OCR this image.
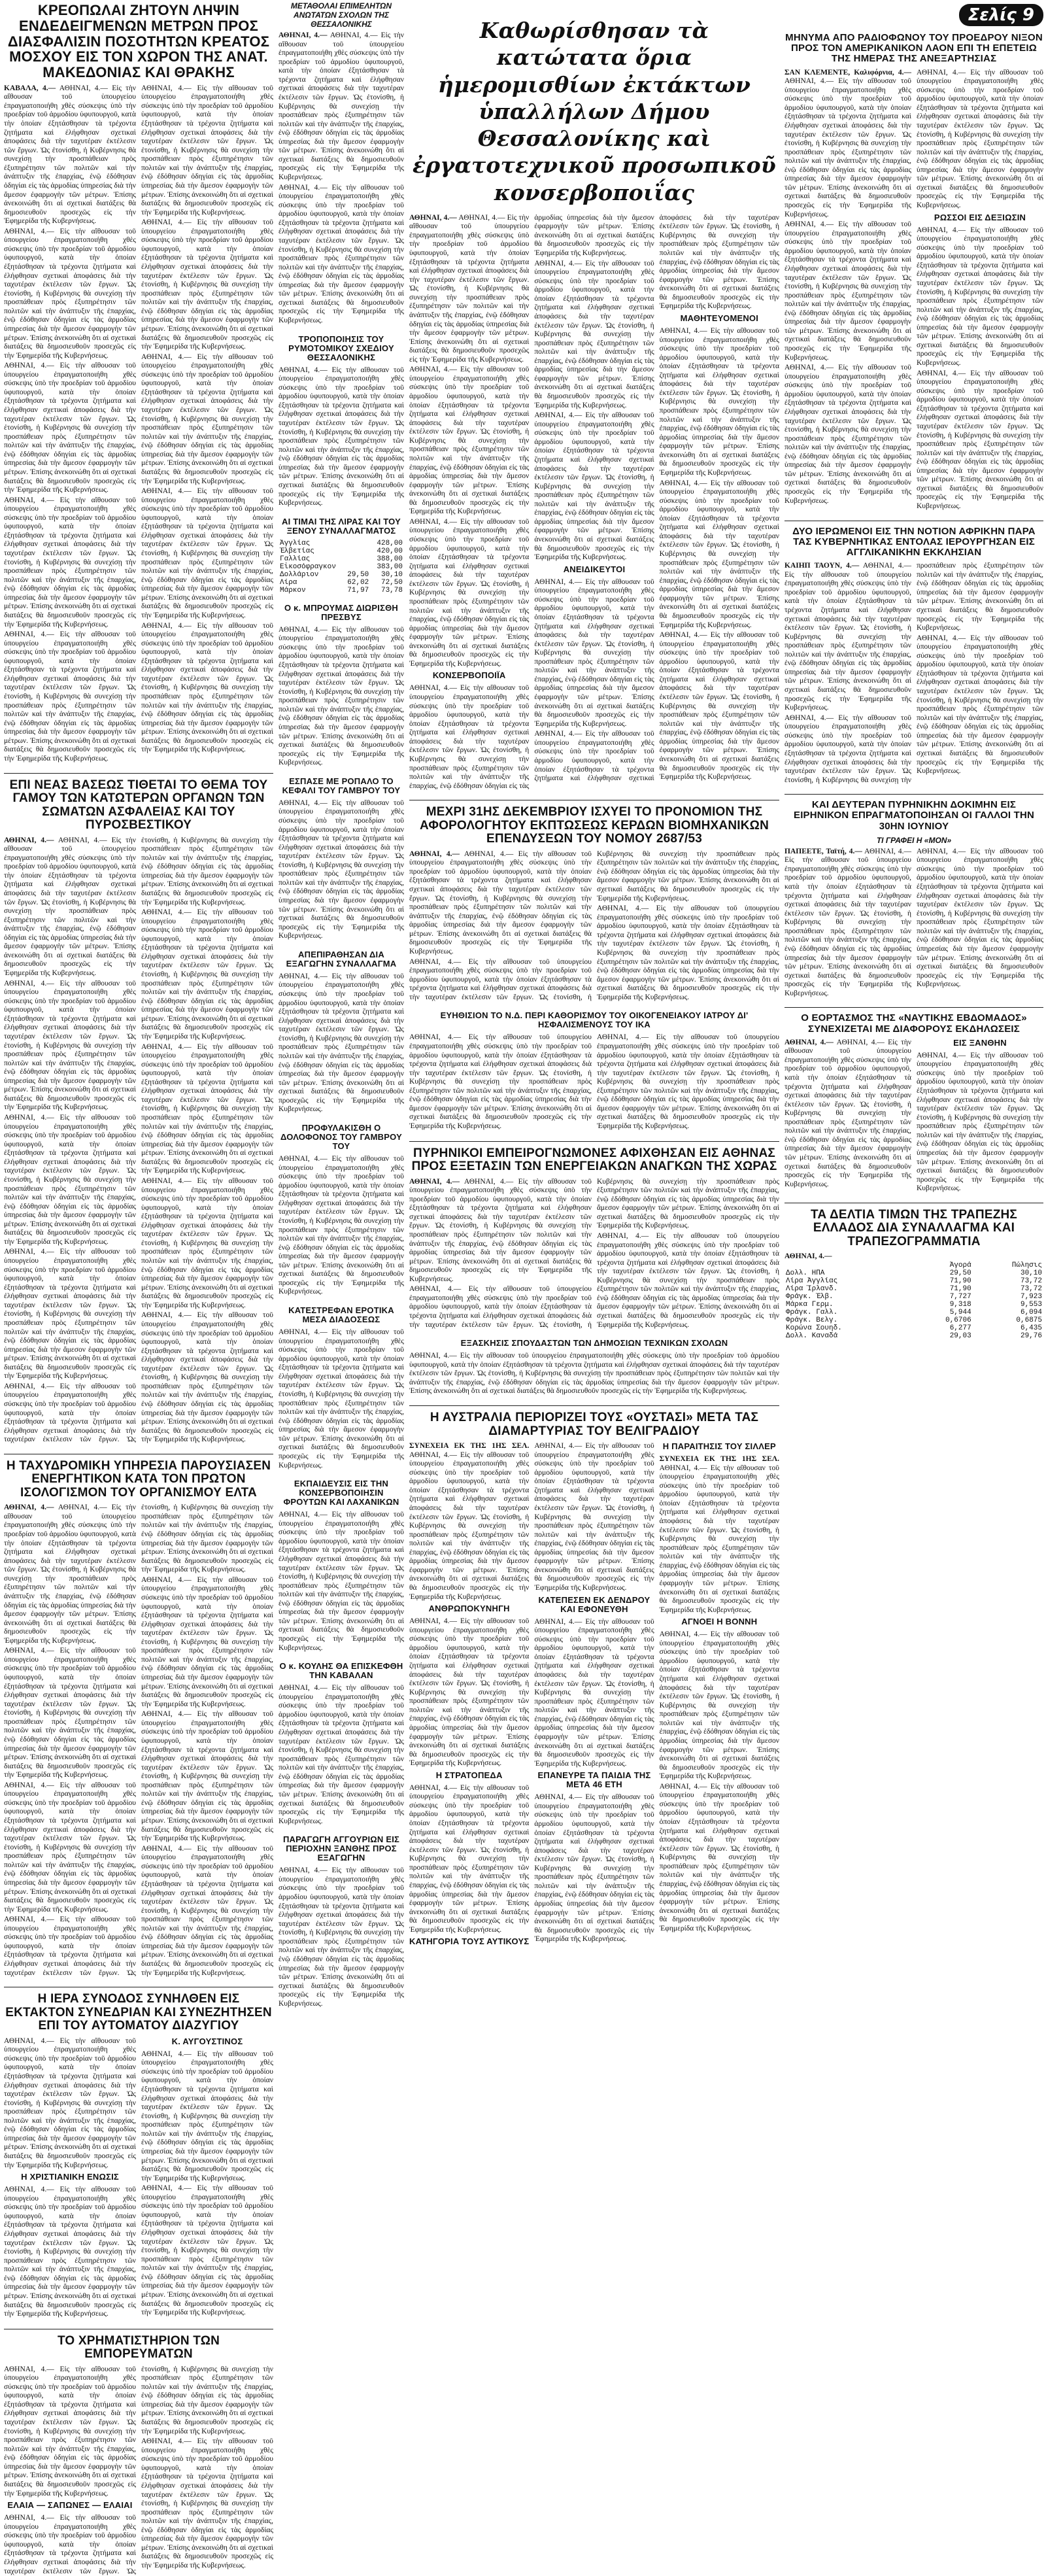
ΚΡΕΟΠΩΛΑΙ ΖΗΤΟΥΝ ΛΗΨΙΝ ΕΝΔΕΔΕΙΓΜΕΝΩΝ ΜΕΤΡΩΝ ΠΡΟΣ ΔΙΑΣΦΑΛΙΣΙΝ ΠΟΣΟΤΗΤΩΝ ΚΡΕΑΤΟΣ ΜΟΣΧΟΥ ΕΙΣ ΤΟΝ ΧΩΡΟΝ ΤΗΣ ΑΝΑΤ. ΜΑΚΕΔΟΝΙΑΣ ΚΑΙ ΘΡΑΚΗΣ
ΚΑΒΑΛΑ, 4.— ΑΘΗΝΑΙ, 4.— Εἰς τὴν αἴθουσαν τοῦ ὑπουργείου ἐπραγματοποιήθη χθὲς σύσκεψις ὑπὸ τὴν προεδρίαν τοῦ ἁρμοδίου ὑφυπουργοῦ, κατὰ τὴν ὁποίαν ἐξητάσθησαν τὰ τρέχοντα ζητήματα καὶ ἐλήφθησαν σχετικαὶ ἀποφάσεις διὰ τὴν ταχυτέραν ἐκτέλεσιν τῶν ἔργων. Ὡς ἐτονίσθη, ἡ Κυβέρνησις θὰ συνεχίσῃ τὴν προσπάθειαν πρὸς ἐξυπηρέτησιν τῶν πολιτῶν καὶ τὴν ἀνάπτυξιν τῆς ἐπαρχίας, ἐνῷ ἐδόθησαν ὁδηγίαι εἰς τὰς ἁρμοδίας ὑπηρεσίας διὰ τὴν ἄμεσον ἐφαρμογὴν τῶν μέτρων. Ἐπίσης ἀνεκοινώθη ὅτι αἱ σχετικαὶ διατάξεις θὰ δημοσιευθοῦν προσεχῶς εἰς τὴν Ἐφημερίδα τῆς Κυβερνήσεως.
ΑΘΗΝΑΙ, 4.— Εἰς τὴν αἴθουσαν τοῦ ὑπουργείου ἐπραγματοποιήθη χθὲς σύσκεψις ὑπὸ τὴν προεδρίαν τοῦ ἁρμοδίου ὑφυπουργοῦ, κατὰ τὴν ὁποίαν ἐξητάσθησαν τὰ τρέχοντα ζητήματα καὶ ἐλήφθησαν σχετικαὶ ἀποφάσεις διὰ τὴν ταχυτέραν ἐκτέλεσιν τῶν ἔργων. Ὡς ἐτονίσθη, ἡ Κυβέρνησις θὰ συνεχίσῃ τὴν προσπάθειαν πρὸς ἐξυπηρέτησιν τῶν πολιτῶν καὶ τὴν ἀνάπτυξιν τῆς ἐπαρχίας, ἐνῷ ἐδόθησαν ὁδηγίαι εἰς τὰς ἁρμοδίας ὑπηρεσίας διὰ τὴν ἄμεσον ἐφαρμογὴν τῶν μέτρων. Ἐπίσης ἀνεκοινώθη ὅτι αἱ σχετικαὶ διατάξεις θὰ δημοσιευθοῦν προσεχῶς εἰς τὴν Ἐφημερίδα τῆς Κυβερνήσεως.
ΑΘΗΝΑΙ, 4.— Εἰς τὴν αἴθουσαν τοῦ ὑπουργείου ἐπραγματοποιήθη χθὲς σύσκεψις ὑπὸ τὴν προεδρίαν τοῦ ἁρμοδίου ὑφυπουργοῦ, κατὰ τὴν ὁποίαν ἐξητάσθησαν τὰ τρέχοντα ζητήματα καὶ ἐλήφθησαν σχετικαὶ ἀποφάσεις διὰ τὴν ταχυτέραν ἐκτέλεσιν τῶν ἔργων. Ὡς ἐτονίσθη, ἡ Κυβέρνησις θὰ συνεχίσῃ τὴν προσπάθειαν πρὸς ἐξυπηρέτησιν τῶν πολιτῶν καὶ τὴν ἀνάπτυξιν τῆς ἐπαρχίας, ἐνῷ ἐδόθησαν ὁδηγίαι εἰς τὰς ἁρμοδίας ὑπηρεσίας διὰ τὴν ἄμεσον ἐφαρμογὴν τῶν μέτρων. Ἐπίσης ἀνεκοινώθη ὅτι αἱ σχετικαὶ διατάξεις θὰ δημοσιευθοῦν προσεχῶς εἰς τὴν Ἐφημερίδα τῆς Κυβερνήσεως.
ΑΘΗΝΑΙ, 4.— Εἰς τὴν αἴθουσαν τοῦ ὑπουργείου ἐπραγματοποιήθη χθὲς σύσκεψις ὑπὸ τὴν προεδρίαν τοῦ ἁρμοδίου ὑφυπουργοῦ, κατὰ τὴν ὁποίαν ἐξητάσθησαν τὰ τρέχοντα ζητήματα καὶ ἐλήφθησαν σχετικαὶ ἀποφάσεις διὰ τὴν ταχυτέραν ἐκτέλεσιν τῶν ἔργων. Ὡς ἐτονίσθη, ἡ Κυβέρνησις θὰ συνεχίσῃ τὴν προσπάθειαν πρὸς ἐξυπηρέτησιν τῶν πολιτῶν καὶ τὴν ἀνάπτυξιν τῆς ἐπαρχίας, ἐνῷ ἐδόθησαν ὁδηγίαι εἰς τὰς ἁρμοδίας ὑπηρεσίας διὰ τὴν ἄμεσον ἐφαρμογὴν τῶν μέτρων. Ἐπίσης ἀνεκοινώθη ὅτι αἱ σχετικαὶ διατάξεις θὰ δημοσιευθοῦν προσεχῶς εἰς τὴν Ἐφημερίδα τῆς Κυβερνήσεως.
ΑΘΗΝΑΙ, 4.— Εἰς τὴν αἴθουσαν τοῦ ὑπουργείου ἐπραγματοποιήθη χθὲς σύσκεψις ὑπὸ τὴν προεδρίαν τοῦ ἁρμοδίου ὑφυπουργοῦ, κατὰ τὴν ὁποίαν ἐξητάσθησαν τὰ τρέχοντα ζητήματα καὶ ἐλήφθησαν σχετικαὶ ἀποφάσεις διὰ τὴν ταχυτέραν ἐκτέλεσιν τῶν ἔργων. Ὡς ἐτονίσθη, ἡ Κυβέρνησις θὰ συνεχίσῃ τὴν προσπάθειαν πρὸς ἐξυπηρέτησιν τῶν πολιτῶν καὶ τὴν ἀνάπτυξιν τῆς ἐπαρχίας, ἐνῷ ἐδόθησαν ὁδηγίαι εἰς τὰς ἁρμοδίας ὑπηρεσίας διὰ τὴν ἄμεσον ἐφαρμογὴν τῶν μέτρων. Ἐπίσης ἀνεκοινώθη ὅτι αἱ σχετικαὶ διατάξεις θὰ δημοσιευθοῦν προσεχῶς εἰς τὴν Ἐφημερίδα τῆς Κυβερνήσεως.
ΑΘΗΝΑΙ, 4.— Εἰς τὴν αἴθουσαν τοῦ ὑπουργείου ἐπραγματοποιήθη χθὲς σύσκεψις ὑπὸ τὴν προεδρίαν τοῦ ἁρμοδίου ὑφυπουργοῦ, κατὰ τὴν ὁποίαν ἐξητάσθησαν τὰ τρέχοντα ζητήματα καὶ ἐλήφθησαν σχετικαὶ ἀποφάσεις διὰ τὴν ταχυτέραν ἐκτέλεσιν τῶν ἔργων. Ὡς ἐτονίσθη, ἡ Κυβέρνησις θὰ συνεχίσῃ τὴν προσπάθειαν πρὸς ἐξυπηρέτησιν τῶν πολιτῶν καὶ τὴν ἀνάπτυξιν τῆς ἐπαρχίας, ἐνῷ ἐδόθησαν ὁδηγίαι εἰς τὰς ἁρμοδίας ὑπηρεσίας διὰ τὴν ἄμεσον ἐφαρμογὴν τῶν μέτρων. Ἐπίσης ἀνεκοινώθη ὅτι αἱ σχετικαὶ διατάξεις θὰ δημοσιευθοῦν προσεχῶς εἰς τὴν Ἐφημερίδα τῆς Κυβερνήσεως.
ΑΘΗΝΑΙ, 4.— Εἰς τὴν αἴθουσαν τοῦ ὑπουργείου ἐπραγματοποιήθη χθὲς σύσκεψις ὑπὸ τὴν προεδρίαν τοῦ ἁρμοδίου ὑφυπουργοῦ, κατὰ τὴν ὁποίαν ἐξητάσθησαν τὰ τρέχοντα ζητήματα καὶ ἐλήφθησαν σχετικαὶ ἀποφάσεις διὰ τὴν ταχυτέραν ἐκτέλεσιν τῶν ἔργων. Ὡς ἐτονίσθη, ἡ Κυβέρνησις θὰ συνεχίσῃ τὴν προσπάθειαν πρὸς ἐξυπηρέτησιν τῶν πολιτῶν καὶ τὴν ἀνάπτυξιν τῆς ἐπαρχίας, ἐνῷ ἐδόθησαν ὁδηγίαι εἰς τὰς ἁρμοδίας ὑπηρεσίας διὰ τὴν ἄμεσον ἐφαρμογὴν τῶν μέτρων. Ἐπίσης ἀνεκοινώθη ὅτι αἱ σχετικαὶ διατάξεις θὰ δημοσιευθοῦν προσεχῶς εἰς τὴν Ἐφημερίδα τῆς Κυβερνήσεως.
ΑΘΗΝΑΙ, 4.— Εἰς τὴν αἴθουσαν τοῦ ὑπουργείου ἐπραγματοποιήθη χθὲς σύσκεψις ὑπὸ τὴν προεδρίαν τοῦ ἁρμοδίου ὑφυπουργοῦ, κατὰ τὴν ὁποίαν ἐξητάσθησαν τὰ τρέχοντα ζητήματα καὶ ἐλήφθησαν σχετικαὶ ἀποφάσεις διὰ τὴν ταχυτέραν ἐκτέλεσιν τῶν ἔργων. Ὡς ἐτονίσθη, ἡ Κυβέρνησις θὰ συνεχίσῃ τὴν προσπάθειαν πρὸς ἐξυπηρέτησιν τῶν πολιτῶν καὶ τὴν ἀνάπτυξιν τῆς ἐπαρχίας, ἐνῷ ἐδόθησαν ὁδηγίαι εἰς τὰς ἁρμοδίας ὑπηρεσίας διὰ τὴν ἄμεσον ἐφαρμογὴν τῶν μέτρων. Ἐπίσης ἀνεκοινώθη ὅτι αἱ σχετικαὶ διατάξεις θὰ δημοσιευθοῦν προσεχῶς εἰς τὴν Ἐφημερίδα τῆς Κυβερνήσεως.
ΑΘΗΝΑΙ, 4.— Εἰς τὴν αἴθουσαν τοῦ ὑπουργείου ἐπραγματοποιήθη χθὲς σύσκεψις ὑπὸ τὴν προεδρίαν τοῦ ἁρμοδίου ὑφυπουργοῦ, κατὰ τὴν ὁποίαν ἐξητάσθησαν τὰ τρέχοντα ζητήματα καὶ ἐλήφθησαν σχετικαὶ ἀποφάσεις διὰ τὴν ταχυτέραν ἐκτέλεσιν τῶν ἔργων. Ὡς ἐτονίσθη, ἡ Κυβέρνησις θὰ συνεχίσῃ τὴν προσπάθειαν πρὸς ἐξυπηρέτησιν τῶν πολιτῶν καὶ τὴν ἀνάπτυξιν τῆς ἐπαρχίας, ἐνῷ ἐδόθησαν ὁδηγίαι εἰς τὰς ἁρμοδίας ὑπηρεσίας διὰ τὴν ἄμεσον ἐφαρμογὴν τῶν μέτρων. Ἐπίσης ἀνεκοινώθη ὅτι αἱ σχετικαὶ διατάξεις θὰ δημοσιευθοῦν προσεχῶς εἰς τὴν Ἐφημερίδα τῆς Κυβερνήσεως.
ΑΘΗΝΑΙ, 4.— Εἰς τὴν αἴθουσαν τοῦ ὑπουργείου ἐπραγματοποιήθη χθὲς σύσκεψις ὑπὸ τὴν προεδρίαν τοῦ ἁρμοδίου ὑφυπουργοῦ, κατὰ τὴν ὁποίαν ἐξητάσθησαν τὰ τρέχοντα ζητήματα καὶ ἐλήφθησαν σχετικαὶ ἀποφάσεις διὰ τὴν ταχυτέραν ἐκτέλεσιν τῶν ἔργων. Ὡς ἐτονίσθη, ἡ Κυβέρνησις θὰ συνεχίσῃ τὴν προσπάθειαν πρὸς ἐξυπηρέτησιν τῶν πολιτῶν καὶ τὴν ἀνάπτυξιν τῆς ἐπαρχίας, ἐνῷ ἐδόθησαν ὁδηγίαι εἰς τὰς ἁρμοδίας ὑπηρεσίας διὰ τὴν ἄμεσον ἐφαρμογὴν τῶν μέτρων. Ἐπίσης ἀνεκοινώθη ὅτι αἱ σχετικαὶ διατάξεις θὰ δημοσιευθοῦν προσεχῶς εἰς τὴν Ἐφημερίδα τῆς Κυβερνήσεως.
ΕΠΙ ΝΕΑΣ ΒΑΣΕΩΣ ΤΙΘΕΤΑΙ ΤΟ ΘΕΜΑ ΤΟΥ ΓΑΜΟΥ ΤΩΝ ΚΑΤΩΤΕΡΩΝ ΟΡΓΑΝΩΝ ΤΩΝ ΣΩΜΑΤΩΝ ΑΣΦΑΛΕΙΑΣ ΚΑΙ ΤΟΥ ΠΥΡΟΣΒΕΣΤΙΚΟΥ
ΑΘΗΝΑΙ, 4.— ΑΘΗΝΑΙ, 4.— Εἰς τὴν αἴθουσαν τοῦ ὑπουργείου ἐπραγματοποιήθη χθὲς σύσκεψις ὑπὸ τὴν προεδρίαν τοῦ ἁρμοδίου ὑφυπουργοῦ, κατὰ τὴν ὁποίαν ἐξητάσθησαν τὰ τρέχοντα ζητήματα καὶ ἐλήφθησαν σχετικαὶ ἀποφάσεις διὰ τὴν ταχυτέραν ἐκτέλεσιν τῶν ἔργων. Ὡς ἐτονίσθη, ἡ Κυβέρνησις θὰ συνεχίσῃ τὴν προσπάθειαν πρὸς ἐξυπηρέτησιν τῶν πολιτῶν καὶ τὴν ἀνάπτυξιν τῆς ἐπαρχίας, ἐνῷ ἐδόθησαν ὁδηγίαι εἰς τὰς ἁρμοδίας ὑπηρεσίας διὰ τὴν ἄμεσον ἐφαρμογὴν τῶν μέτρων. Ἐπίσης ἀνεκοινώθη ὅτι αἱ σχετικαὶ διατάξεις θὰ δημοσιευθοῦν προσεχῶς εἰς τὴν Ἐφημερίδα τῆς Κυβερνήσεως.
ΑΘΗΝΑΙ, 4.— Εἰς τὴν αἴθουσαν τοῦ ὑπουργείου ἐπραγματοποιήθη χθὲς σύσκεψις ὑπὸ τὴν προεδρίαν τοῦ ἁρμοδίου ὑφυπουργοῦ, κατὰ τὴν ὁποίαν ἐξητάσθησαν τὰ τρέχοντα ζητήματα καὶ ἐλήφθησαν σχετικαὶ ἀποφάσεις διὰ τὴν ταχυτέραν ἐκτέλεσιν τῶν ἔργων. Ὡς ἐτονίσθη, ἡ Κυβέρνησις θὰ συνεχίσῃ τὴν προσπάθειαν πρὸς ἐξυπηρέτησιν τῶν πολιτῶν καὶ τὴν ἀνάπτυξιν τῆς ἐπαρχίας, ἐνῷ ἐδόθησαν ὁδηγίαι εἰς τὰς ἁρμοδίας ὑπηρεσίας διὰ τὴν ἄμεσον ἐφαρμογὴν τῶν μέτρων. Ἐπίσης ἀνεκοινώθη ὅτι αἱ σχετικαὶ διατάξεις θὰ δημοσιευθοῦν προσεχῶς εἰς τὴν Ἐφημερίδα τῆς Κυβερνήσεως.
ΑΘΗΝΑΙ, 4.— Εἰς τὴν αἴθουσαν τοῦ ὑπουργείου ἐπραγματοποιήθη χθὲς σύσκεψις ὑπὸ τὴν προεδρίαν τοῦ ἁρμοδίου ὑφυπουργοῦ, κατὰ τὴν ὁποίαν ἐξητάσθησαν τὰ τρέχοντα ζητήματα καὶ ἐλήφθησαν σχετικαὶ ἀποφάσεις διὰ τὴν ταχυτέραν ἐκτέλεσιν τῶν ἔργων. Ὡς ἐτονίσθη, ἡ Κυβέρνησις θὰ συνεχίσῃ τὴν προσπάθειαν πρὸς ἐξυπηρέτησιν τῶν πολιτῶν καὶ τὴν ἀνάπτυξιν τῆς ἐπαρχίας, ἐνῷ ἐδόθησαν ὁδηγίαι εἰς τὰς ἁρμοδίας ὑπηρεσίας διὰ τὴν ἄμεσον ἐφαρμογὴν τῶν μέτρων. Ἐπίσης ἀνεκοινώθη ὅτι αἱ σχετικαὶ διατάξεις θὰ δημοσιευθοῦν προσεχῶς εἰς τὴν Ἐφημερίδα τῆς Κυβερνήσεως.
ΑΘΗΝΑΙ, 4.— Εἰς τὴν αἴθουσαν τοῦ ὑπουργείου ἐπραγματοποιήθη χθὲς σύσκεψις ὑπὸ τὴν προεδρίαν τοῦ ἁρμοδίου ὑφυπουργοῦ, κατὰ τὴν ὁποίαν ἐξητάσθησαν τὰ τρέχοντα ζητήματα καὶ ἐλήφθησαν σχετικαὶ ἀποφάσεις διὰ τὴν ταχυτέραν ἐκτέλεσιν τῶν ἔργων. Ὡς ἐτονίσθη, ἡ Κυβέρνησις θὰ συνεχίσῃ τὴν προσπάθειαν πρὸς ἐξυπηρέτησιν τῶν πολιτῶν καὶ τὴν ἀνάπτυξιν τῆς ἐπαρχίας, ἐνῷ ἐδόθησαν ὁδηγίαι εἰς τὰς ἁρμοδίας ὑπηρεσίας διὰ τὴν ἄμεσον ἐφαρμογὴν τῶν μέτρων. Ἐπίσης ἀνεκοινώθη ὅτι αἱ σχετικαὶ διατάξεις θὰ δημοσιευθοῦν προσεχῶς εἰς τὴν Ἐφημερίδα τῆς Κυβερνήσεως.
ΑΘΗΝΑΙ, 4.— Εἰς τὴν αἴθουσαν τοῦ ὑπουργείου ἐπραγματοποιήθη χθὲς σύσκεψις ὑπὸ τὴν προεδρίαν τοῦ ἁρμοδίου ὑφυπουργοῦ, κατὰ τὴν ὁποίαν ἐξητάσθησαν τὰ τρέχοντα ζητήματα καὶ ἐλήφθησαν σχετικαὶ ἀποφάσεις διὰ τὴν ταχυτέραν ἐκτέλεσιν τῶν ἔργων. Ὡς ἐτονίσθη, ἡ Κυβέρνησις θὰ συνεχίσῃ τὴν προσπάθειαν πρὸς ἐξυπηρέτησιν τῶν πολιτῶν καὶ τὴν ἀνάπτυξιν τῆς ἐπαρχίας, ἐνῷ ἐδόθησαν ὁδηγίαι εἰς τὰς ἁρμοδίας ὑπηρεσίας διὰ τὴν ἄμεσον ἐφαρμογὴν τῶν μέτρων. Ἐπίσης ἀνεκοινώθη ὅτι αἱ σχετικαὶ διατάξεις θὰ δημοσιευθοῦν προσεχῶς εἰς τὴν Ἐφημερίδα τῆς Κυβερνήσεως.
ΑΘΗΝΑΙ, 4.— Εἰς τὴν αἴθουσαν τοῦ ὑπουργείου ἐπραγματοποιήθη χθὲς σύσκεψις ὑπὸ τὴν προεδρίαν τοῦ ἁρμοδίου ὑφυπουργοῦ, κατὰ τὴν ὁποίαν ἐξητάσθησαν τὰ τρέχοντα ζητήματα καὶ ἐλήφθησαν σχετικαὶ ἀποφάσεις διὰ τὴν ταχυτέραν ἐκτέλεσιν τῶν ἔργων. Ὡς ἐτονίσθη, ἡ Κυβέρνησις θὰ συνεχίσῃ τὴν προσπάθειαν πρὸς ἐξυπηρέτησιν τῶν πολιτῶν καὶ τὴν ἀνάπτυξιν τῆς ἐπαρχίας, ἐνῷ ἐδόθησαν ὁδηγίαι εἰς τὰς ἁρμοδίας ὑπηρεσίας διὰ τὴν ἄμεσον ἐφαρμογὴν τῶν μέτρων. Ἐπίσης ἀνεκοινώθη ὅτι αἱ σχετικαὶ διατάξεις θὰ δημοσιευθοῦν προσεχῶς εἰς τὴν Ἐφημερίδα τῆς Κυβερνήσεως.
ΑΘΗΝΑΙ, 4.— Εἰς τὴν αἴθουσαν τοῦ ὑπουργείου ἐπραγματοποιήθη χθὲς σύσκεψις ὑπὸ τὴν προεδρίαν τοῦ ἁρμοδίου ὑφυπουργοῦ, κατὰ τὴν ὁποίαν ἐξητάσθησαν τὰ τρέχοντα ζητήματα καὶ ἐλήφθησαν σχετικαὶ ἀποφάσεις διὰ τὴν ταχυτέραν ἐκτέλεσιν τῶν ἔργων. Ὡς ἐτονίσθη, ἡ Κυβέρνησις θὰ συνεχίσῃ τὴν προσπάθειαν πρὸς ἐξυπηρέτησιν τῶν πολιτῶν καὶ τὴν ἀνάπτυξιν τῆς ἐπαρχίας, ἐνῷ ἐδόθησαν ὁδηγίαι εἰς τὰς ἁρμοδίας ὑπηρεσίας διὰ τὴν ἄμεσον ἐφαρμογὴν τῶν μέτρων. Ἐπίσης ἀνεκοινώθη ὅτι αἱ σχετικαὶ διατάξεις θὰ δημοσιευθοῦν προσεχῶς εἰς τὴν Ἐφημερίδα τῆς Κυβερνήσεως.
ΑΘΗΝΑΙ, 4.— Εἰς τὴν αἴθουσαν τοῦ ὑπουργείου ἐπραγματοποιήθη χθὲς σύσκεψις ὑπὸ τὴν προεδρίαν τοῦ ἁρμοδίου ὑφυπουργοῦ, κατὰ τὴν ὁποίαν ἐξητάσθησαν τὰ τρέχοντα ζητήματα καὶ ἐλήφθησαν σχετικαὶ ἀποφάσεις διὰ τὴν ταχυτέραν ἐκτέλεσιν τῶν ἔργων. Ὡς ἐτονίσθη, ἡ Κυβέρνησις θὰ συνεχίσῃ τὴν προσπάθειαν πρὸς ἐξυπηρέτησιν τῶν πολιτῶν καὶ τὴν ἀνάπτυξιν τῆς ἐπαρχίας, ἐνῷ ἐδόθησαν ὁδηγίαι εἰς τὰς ἁρμοδίας ὑπηρεσίας διὰ τὴν ἄμεσον ἐφαρμογὴν τῶν μέτρων. Ἐπίσης ἀνεκοινώθη ὅτι αἱ σχετικαὶ διατάξεις θὰ δημοσιευθοῦν προσεχῶς εἰς τὴν Ἐφημερίδα τῆς Κυβερνήσεως.
ΑΘΗΝΑΙ, 4.— Εἰς τὴν αἴθουσαν τοῦ ὑπουργείου ἐπραγματοποιήθη χθὲς σύσκεψις ὑπὸ τὴν προεδρίαν τοῦ ἁρμοδίου ὑφυπουργοῦ, κατὰ τὴν ὁποίαν ἐξητάσθησαν τὰ τρέχοντα ζητήματα καὶ ἐλήφθησαν σχετικαὶ ἀποφάσεις διὰ τὴν ταχυτέραν ἐκτέλεσιν τῶν ἔργων. Ὡς ἐτονίσθη, ἡ Κυβέρνησις θὰ συνεχίσῃ τὴν προσπάθειαν πρὸς ἐξυπηρέτησιν τῶν πολιτῶν καὶ τὴν ἀνάπτυξιν τῆς ἐπαρχίας, ἐνῷ ἐδόθησαν ὁδηγίαι εἰς τὰς ἁρμοδίας ὑπηρεσίας διὰ τὴν ἄμεσον ἐφαρμογὴν τῶν μέτρων. Ἐπίσης ἀνεκοινώθη ὅτι αἱ σχετικαὶ διατάξεις θὰ δημοσιευθοῦν προσεχῶς εἰς τὴν Ἐφημερίδα τῆς Κυβερνήσεως.
Η ΤΑΧΥΔΡΟΜΙΚΗ ΥΠΗΡΕΣΙΑ ΠΑΡΟΥΣΙΑΣΕΝ ΕΝΕΡΓΗΤΙΚΟΝ ΚΑΤΑ ΤΟΝ ΠΡΩΤΟΝ ΙΣΟΛΟΓΙΣΜΟΝ ΤΟΥ ΟΡΓΑΝΙΣΜΟΥ ΕΛΤΑ
ΑΘΗΝΑΙ, 4.— ΑΘΗΝΑΙ, 4.— Εἰς τὴν αἴθουσαν τοῦ ὑπουργείου ἐπραγματοποιήθη χθὲς σύσκεψις ὑπὸ τὴν προεδρίαν τοῦ ἁρμοδίου ὑφυπουργοῦ, κατὰ τὴν ὁποίαν ἐξητάσθησαν τὰ τρέχοντα ζητήματα καὶ ἐλήφθησαν σχετικαὶ ἀποφάσεις διὰ τὴν ταχυτέραν ἐκτέλεσιν τῶν ἔργων. Ὡς ἐτονίσθη, ἡ Κυβέρνησις θὰ συνεχίσῃ τὴν προσπάθειαν πρὸς ἐξυπηρέτησιν τῶν πολιτῶν καὶ τὴν ἀνάπτυξιν τῆς ἐπαρχίας, ἐνῷ ἐδόθησαν ὁδηγίαι εἰς τὰς ἁρμοδίας ὑπηρεσίας διὰ τὴν ἄμεσον ἐφαρμογὴν τῶν μέτρων. Ἐπίσης ἀνεκοινώθη ὅτι αἱ σχετικαὶ διατάξεις θὰ δημοσιευθοῦν προσεχῶς εἰς τὴν Ἐφημερίδα τῆς Κυβερνήσεως.
ΑΘΗΝΑΙ, 4.— Εἰς τὴν αἴθουσαν τοῦ ὑπουργείου ἐπραγματοποιήθη χθὲς σύσκεψις ὑπὸ τὴν προεδρίαν τοῦ ἁρμοδίου ὑφυπουργοῦ, κατὰ τὴν ὁποίαν ἐξητάσθησαν τὰ τρέχοντα ζητήματα καὶ ἐλήφθησαν σχετικαὶ ἀποφάσεις διὰ τὴν ταχυτέραν ἐκτέλεσιν τῶν ἔργων. Ὡς ἐτονίσθη, ἡ Κυβέρνησις θὰ συνεχίσῃ τὴν προσπάθειαν πρὸς ἐξυπηρέτησιν τῶν πολιτῶν καὶ τὴν ἀνάπτυξιν τῆς ἐπαρχίας, ἐνῷ ἐδόθησαν ὁδηγίαι εἰς τὰς ἁρμοδίας ὑπηρεσίας διὰ τὴν ἄμεσον ἐφαρμογὴν τῶν μέτρων. Ἐπίσης ἀνεκοινώθη ὅτι αἱ σχετικαὶ διατάξεις θὰ δημοσιευθοῦν προσεχῶς εἰς τὴν Ἐφημερίδα τῆς Κυβερνήσεως.
ΑΘΗΝΑΙ, 4.— Εἰς τὴν αἴθουσαν τοῦ ὑπουργείου ἐπραγματοποιήθη χθὲς σύσκεψις ὑπὸ τὴν προεδρίαν τοῦ ἁρμοδίου ὑφυπουργοῦ, κατὰ τὴν ὁποίαν ἐξητάσθησαν τὰ τρέχοντα ζητήματα καὶ ἐλήφθησαν σχετικαὶ ἀποφάσεις διὰ τὴν ταχυτέραν ἐκτέλεσιν τῶν ἔργων. Ὡς ἐτονίσθη, ἡ Κυβέρνησις θὰ συνεχίσῃ τὴν προσπάθειαν πρὸς ἐξυπηρέτησιν τῶν πολιτῶν καὶ τὴν ἀνάπτυξιν τῆς ἐπαρχίας, ἐνῷ ἐδόθησαν ὁδηγίαι εἰς τὰς ἁρμοδίας ὑπηρεσίας διὰ τὴν ἄμεσον ἐφαρμογὴν τῶν μέτρων. Ἐπίσης ἀνεκοινώθη ὅτι αἱ σχετικαὶ διατάξεις θὰ δημοσιευθοῦν προσεχῶς εἰς τὴν Ἐφημερίδα τῆς Κυβερνήσεως.
ΑΘΗΝΑΙ, 4.— Εἰς τὴν αἴθουσαν τοῦ ὑπουργείου ἐπραγματοποιήθη χθὲς σύσκεψις ὑπὸ τὴν προεδρίαν τοῦ ἁρμοδίου ὑφυπουργοῦ, κατὰ τὴν ὁποίαν ἐξητάσθησαν τὰ τρέχοντα ζητήματα καὶ ἐλήφθησαν σχετικαὶ ἀποφάσεις διὰ τὴν ταχυτέραν ἐκτέλεσιν τῶν ἔργων. Ὡς ἐτονίσθη, ἡ Κυβέρνησις θὰ συνεχίσῃ τὴν προσπάθειαν πρὸς ἐξυπηρέτησιν τῶν πολιτῶν καὶ τὴν ἀνάπτυξιν τῆς ἐπαρχίας, ἐνῷ ἐδόθησαν ὁδηγίαι εἰς τὰς ἁρμοδίας ὑπηρεσίας διὰ τὴν ἄμεσον ἐφαρμογὴν τῶν μέτρων. Ἐπίσης ἀνεκοινώθη ὅτι αἱ σχετικαὶ διατάξεις θὰ δημοσιευθοῦν προσεχῶς εἰς τὴν Ἐφημερίδα τῆς Κυβερνήσεως.
ΑΘΗΝΑΙ, 4.— Εἰς τὴν αἴθουσαν τοῦ ὑπουργείου ἐπραγματοποιήθη χθὲς σύσκεψις ὑπὸ τὴν προεδρίαν τοῦ ἁρμοδίου ὑφυπουργοῦ, κατὰ τὴν ὁποίαν ἐξητάσθησαν τὰ τρέχοντα ζητήματα καὶ ἐλήφθησαν σχετικαὶ ἀποφάσεις διὰ τὴν ταχυτέραν ἐκτέλεσιν τῶν ἔργων. Ὡς ἐτονίσθη, ἡ Κυβέρνησις θὰ συνεχίσῃ τὴν προσπάθειαν πρὸς ἐξυπηρέτησιν τῶν πολιτῶν καὶ τὴν ἀνάπτυξιν τῆς ἐπαρχίας, ἐνῷ ἐδόθησαν ὁδηγίαι εἰς τὰς ἁρμοδίας ὑπηρεσίας διὰ τὴν ἄμεσον ἐφαρμογὴν τῶν μέτρων. Ἐπίσης ἀνεκοινώθη ὅτι αἱ σχετικαὶ διατάξεις θὰ δημοσιευθοῦν προσεχῶς εἰς τὴν Ἐφημερίδα τῆς Κυβερνήσεως.
ΑΘΗΝΑΙ, 4.— Εἰς τὴν αἴθουσαν τοῦ ὑπουργείου ἐπραγματοποιήθη χθὲς σύσκεψις ὑπὸ τὴν προεδρίαν τοῦ ἁρμοδίου ὑφυπουργοῦ, κατὰ τὴν ὁποίαν ἐξητάσθησαν τὰ τρέχοντα ζητήματα καὶ ἐλήφθησαν σχετικαὶ ἀποφάσεις διὰ τὴν ταχυτέραν ἐκτέλεσιν τῶν ἔργων. Ὡς ἐτονίσθη, ἡ Κυβέρνησις θὰ συνεχίσῃ τὴν προσπάθειαν πρὸς ἐξυπηρέτησιν τῶν πολιτῶν καὶ τὴν ἀνάπτυξιν τῆς ἐπαρχίας, ἐνῷ ἐδόθησαν ὁδηγίαι εἰς τὰς ἁρμοδίας ὑπηρεσίας διὰ τὴν ἄμεσον ἐφαρμογὴν τῶν μέτρων. Ἐπίσης ἀνεκοινώθη ὅτι αἱ σχετικαὶ διατάξεις θὰ δημοσιευθοῦν προσεχῶς εἰς τὴν Ἐφημερίδα τῆς Κυβερνήσεως.
ΑΘΗΝΑΙ, 4.— Εἰς τὴν αἴθουσαν τοῦ ὑπουργείου ἐπραγματοποιήθη χθὲς σύσκεψις ὑπὸ τὴν προεδρίαν τοῦ ἁρμοδίου ὑφυπουργοῦ, κατὰ τὴν ὁποίαν ἐξητάσθησαν τὰ τρέχοντα ζητήματα καὶ ἐλήφθησαν σχετικαὶ ἀποφάσεις διὰ τὴν ταχυτέραν ἐκτέλεσιν τῶν ἔργων. Ὡς ἐτονίσθη, ἡ Κυβέρνησις θὰ συνεχίσῃ τὴν προσπάθειαν πρὸς ἐξυπηρέτησιν τῶν πολιτῶν καὶ τὴν ἀνάπτυξιν τῆς ἐπαρχίας, ἐνῷ ἐδόθησαν ὁδηγίαι εἰς τὰς ἁρμοδίας ὑπηρεσίας διὰ τὴν ἄμεσον ἐφαρμογὴν τῶν μέτρων. Ἐπίσης ἀνεκοινώθη ὅτι αἱ σχετικαὶ διατάξεις θὰ δημοσιευθοῦν προσεχῶς εἰς τὴν Ἐφημερίδα τῆς Κυβερνήσεως.
Η ΙΕΡΑ ΣΥΝΟΔΟΣ ΣΥΝΗΛΘΕΝ ΕΙΣ ΕΚΤΑΚΤΟΝ ΣΥΝΕΔΡΙΑΝ ΚΑΙ ΣΥΝΕΖΗΤΗΣΕΝ ΕΠΙ ΤΟΥ ΑΥΤΟΜΑΤΟΥ ΔΙΑΖΥΓΙΟΥ
ΑΘΗΝΑΙ, 4.— Εἰς τὴν αἴθουσαν τοῦ ὑπουργείου ἐπραγματοποιήθη χθὲς σύσκεψις ὑπὸ τὴν προεδρίαν τοῦ ἁρμοδίου ὑφυπουργοῦ, κατὰ τὴν ὁποίαν ἐξητάσθησαν τὰ τρέχοντα ζητήματα καὶ ἐλήφθησαν σχετικαὶ ἀποφάσεις διὰ τὴν ταχυτέραν ἐκτέλεσιν τῶν ἔργων. Ὡς ἐτονίσθη, ἡ Κυβέρνησις θὰ συνεχίσῃ τὴν προσπάθειαν πρὸς ἐξυπηρέτησιν τῶν πολιτῶν καὶ τὴν ἀνάπτυξιν τῆς ἐπαρχίας, ἐνῷ ἐδόθησαν ὁδηγίαι εἰς τὰς ἁρμοδίας ὑπηρεσίας διὰ τὴν ἄμεσον ἐφαρμογὴν τῶν μέτρων. Ἐπίσης ἀνεκοινώθη ὅτι αἱ σχετικαὶ διατάξεις θὰ δημοσιευθοῦν προσεχῶς εἰς τὴν Ἐφημερίδα τῆς Κυβερνήσεως.
Η ΧΡΙΣΤΙΑΝΙΚΗ ΕΝΩΣΙΣ
ΑΘΗΝΑΙ, 4.— Εἰς τὴν αἴθουσαν τοῦ ὑπουργείου ἐπραγματοποιήθη χθὲς σύσκεψις ὑπὸ τὴν προεδρίαν τοῦ ἁρμοδίου ὑφυπουργοῦ, κατὰ τὴν ὁποίαν ἐξητάσθησαν τὰ τρέχοντα ζητήματα καὶ ἐλήφθησαν σχετικαὶ ἀποφάσεις διὰ τὴν ταχυτέραν ἐκτέλεσιν τῶν ἔργων. Ὡς ἐτονίσθη, ἡ Κυβέρνησις θὰ συνεχίσῃ τὴν προσπάθειαν πρὸς ἐξυπηρέτησιν τῶν πολιτῶν καὶ τὴν ἀνάπτυξιν τῆς ἐπαρχίας, ἐνῷ ἐδόθησαν ὁδηγίαι εἰς τὰς ἁρμοδίας ὑπηρεσίας διὰ τὴν ἄμεσον ἐφαρμογὴν τῶν μέτρων. Ἐπίσης ἀνεκοινώθη ὅτι αἱ σχετικαὶ διατάξεις θὰ δημοσιευθοῦν προσεχῶς εἰς τὴν Ἐφημερίδα τῆς Κυβερνήσεως.
Κ. ΑΥΓΟΥΣΤΙΝΟΣ
ΑΘΗΝΑΙ, 4.— Εἰς τὴν αἴθουσαν τοῦ ὑπουργείου ἐπραγματοποιήθη χθὲς σύσκεψις ὑπὸ τὴν προεδρίαν τοῦ ἁρμοδίου ὑφυπουργοῦ, κατὰ τὴν ὁποίαν ἐξητάσθησαν τὰ τρέχοντα ζητήματα καὶ ἐλήφθησαν σχετικαὶ ἀποφάσεις διὰ τὴν ταχυτέραν ἐκτέλεσιν τῶν ἔργων. Ὡς ἐτονίσθη, ἡ Κυβέρνησις θὰ συνεχίσῃ τὴν προσπάθειαν πρὸς ἐξυπηρέτησιν τῶν πολιτῶν καὶ τὴν ἀνάπτυξιν τῆς ἐπαρχίας, ἐνῷ ἐδόθησαν ὁδηγίαι εἰς τὰς ἁρμοδίας ὑπηρεσίας διὰ τὴν ἄμεσον ἐφαρμογὴν τῶν μέτρων. Ἐπίσης ἀνεκοινώθη ὅτι αἱ σχετικαὶ διατάξεις θὰ δημοσιευθοῦν προσεχῶς εἰς τὴν Ἐφημερίδα τῆς Κυβερνήσεως.
ΑΘΗΝΑΙ, 4.— Εἰς τὴν αἴθουσαν τοῦ ὑπουργείου ἐπραγματοποιήθη χθὲς σύσκεψις ὑπὸ τὴν προεδρίαν τοῦ ἁρμοδίου ὑφυπουργοῦ, κατὰ τὴν ὁποίαν ἐξητάσθησαν τὰ τρέχοντα ζητήματα καὶ ἐλήφθησαν σχετικαὶ ἀποφάσεις διὰ τὴν ταχυτέραν ἐκτέλεσιν τῶν ἔργων. Ὡς ἐτονίσθη, ἡ Κυβέρνησις θὰ συνεχίσῃ τὴν προσπάθειαν πρὸς ἐξυπηρέτησιν τῶν πολιτῶν καὶ τὴν ἀνάπτυξιν τῆς ἐπαρχίας, ἐνῷ ἐδόθησαν ὁδηγίαι εἰς τὰς ἁρμοδίας ὑπηρεσίας διὰ τὴν ἄμεσον ἐφαρμογὴν τῶν μέτρων. Ἐπίσης ἀνεκοινώθη ὅτι αἱ σχετικαὶ διατάξεις θὰ δημοσιευθοῦν προσεχῶς εἰς τὴν Ἐφημερίδα τῆς Κυβερνήσεως.
ΤΟ ΧΡΗΜΑΤΙΣΤΗΡΙΟΝ ΤΩΝ ΕΜΠΟΡΕΥΜΑΤΩΝ
ΑΘΗΝΑΙ, 4.— Εἰς τὴν αἴθουσαν τοῦ ὑπουργείου ἐπραγματοποιήθη χθὲς σύσκεψις ὑπὸ τὴν προεδρίαν τοῦ ἁρμοδίου ὑφυπουργοῦ, κατὰ τὴν ὁποίαν ἐξητάσθησαν τὰ τρέχοντα ζητήματα καὶ ἐλήφθησαν σχετικαὶ ἀποφάσεις διὰ τὴν ταχυτέραν ἐκτέλεσιν τῶν ἔργων. Ὡς ἐτονίσθη, ἡ Κυβέρνησις θὰ συνεχίσῃ τὴν προσπάθειαν πρὸς ἐξυπηρέτησιν τῶν πολιτῶν καὶ τὴν ἀνάπτυξιν τῆς ἐπαρχίας, ἐνῷ ἐδόθησαν ὁδηγίαι εἰς τὰς ἁρμοδίας ὑπηρεσίας διὰ τὴν ἄμεσον ἐφαρμογὴν τῶν μέτρων. Ἐπίσης ἀνεκοινώθη ὅτι αἱ σχετικαὶ διατάξεις θὰ δημοσιευθοῦν προσεχῶς εἰς τὴν Ἐφημερίδα τῆς Κυβερνήσεως.
ΕΛΑΙΑ — ΣΑΠΩΝΕΣ — ΕΛΑΙΑΙ
ΑΘΗΝΑΙ, 4.— Εἰς τὴν αἴθουσαν τοῦ ὑπουργείου ἐπραγματοποιήθη χθὲς σύσκεψις ὑπὸ τὴν προεδρίαν τοῦ ἁρμοδίου ὑφυπουργοῦ, κατὰ τὴν ὁποίαν ἐξητάσθησαν τὰ τρέχοντα ζητήματα καὶ ἐλήφθησαν σχετικαὶ ἀποφάσεις διὰ τὴν ταχυτέραν ἐκτέλεσιν τῶν ἔργων. Ὡς ἐτονίσθη, ἡ Κυβέρνησις θὰ συνεχίσῃ τὴν προσπάθειαν πρὸς ἐξυπηρέτησιν τῶν πολιτῶν καὶ τὴν ἀνάπτυξιν τῆς ἐπαρχίας, ἐνῷ ἐδόθησαν ὁδηγίαι εἰς τὰς ἁρμοδίας ὑπηρεσίας διὰ τὴν ἄμεσον ἐφαρμογὴν τῶν μέτρων. Ἐπίσης ἀνεκοινώθη ὅτι αἱ σχετικαὶ διατάξεις θὰ δημοσιευθοῦν προσεχῶς εἰς τὴν Ἐφημερίδα τῆς Κυβερνήσεως.
ΑΘΗΝΑΙ, 4.— Εἰς τὴν αἴθουσαν τοῦ ὑπουργείου ἐπραγματοποιήθη χθὲς σύσκεψις ὑπὸ τὴν προεδρίαν τοῦ ἁρμοδίου ὑφυπουργοῦ, κατὰ τὴν ὁποίαν ἐξητάσθησαν τὰ τρέχοντα ζητήματα καὶ ἐλήφθησαν σχετικαὶ ἀποφάσεις διὰ τὴν ταχυτέραν ἐκτέλεσιν τῶν ἔργων. Ὡς ἐτονίσθη, ἡ Κυβέρνησις θὰ συνεχίσῃ τὴν προσπάθειαν πρὸς ἐξυπηρέτησιν τῶν πολιτῶν καὶ τὴν ἀνάπτυξιν τῆς ἐπαρχίας, ἐνῷ ἐδόθησαν ὁδηγίαι εἰς τὰς ἁρμοδίας ὑπηρεσίας διὰ τὴν ἄμεσον ἐφαρμογὴν τῶν μέτρων. Ἐπίσης ἀνεκοινώθη ὅτι αἱ σχετικαὶ διατάξεις θὰ δημοσιευθοῦν προσεχῶς εἰς τὴν Ἐφημερίδα τῆς Κυβερνήσεως.
ΜΕΤΑΘΟΛΑΙ ΕΠΙΜΕΛΗΤΩΝ ΑΝΩΤΑΤΩΝ ΣΧΟΛΩΝ ΤΗΣ ΘΕΣΣΑΛΟΝΙΚΗΣ
ΑΘΗΝΑΙ, 4.— ΑΘΗΝΑΙ, 4.— Εἰς τὴν αἴθουσαν τοῦ ὑπουργείου ἐπραγματοποιήθη χθὲς σύσκεψις ὑπὸ τὴν προεδρίαν τοῦ ἁρμοδίου ὑφυπουργοῦ, κατὰ τὴν ὁποίαν ἐξητάσθησαν τὰ τρέχοντα ζητήματα καὶ ἐλήφθησαν σχετικαὶ ἀποφάσεις διὰ τὴν ταχυτέραν ἐκτέλεσιν τῶν ἔργων. Ὡς ἐτονίσθη, ἡ Κυβέρνησις θὰ συνεχίσῃ τὴν προσπάθειαν πρὸς ἐξυπηρέτησιν τῶν πολιτῶν καὶ τὴν ἀνάπτυξιν τῆς ἐπαρχίας, ἐνῷ ἐδόθησαν ὁδηγίαι εἰς τὰς ἁρμοδίας ὑπηρεσίας διὰ τὴν ἄμεσον ἐφαρμογὴν τῶν μέτρων. Ἐπίσης ἀνεκοινώθη ὅτι αἱ σχετικαὶ διατάξεις θὰ δημοσιευθοῦν προσεχῶς εἰς τὴν Ἐφημερίδα τῆς Κυβερνήσεως.
ΑΘΗΝΑΙ, 4.— Εἰς τὴν αἴθουσαν τοῦ ὑπουργείου ἐπραγματοποιήθη χθὲς σύσκεψις ὑπὸ τὴν προεδρίαν τοῦ ἁρμοδίου ὑφυπουργοῦ, κατὰ τὴν ὁποίαν ἐξητάσθησαν τὰ τρέχοντα ζητήματα καὶ ἐλήφθησαν σχετικαὶ ἀποφάσεις διὰ τὴν ταχυτέραν ἐκτέλεσιν τῶν ἔργων. Ὡς ἐτονίσθη, ἡ Κυβέρνησις θὰ συνεχίσῃ τὴν προσπάθειαν πρὸς ἐξυπηρέτησιν τῶν πολιτῶν καὶ τὴν ἀνάπτυξιν τῆς ἐπαρχίας, ἐνῷ ἐδόθησαν ὁδηγίαι εἰς τὰς ἁρμοδίας ὑπηρεσίας διὰ τὴν ἄμεσον ἐφαρμογὴν τῶν μέτρων. Ἐπίσης ἀνεκοινώθη ὅτι αἱ σχετικαὶ διατάξεις θὰ δημοσιευθοῦν προσεχῶς εἰς τὴν Ἐφημερίδα τῆς Κυβερνήσεως.
ΤΡΟΠΟΠΟΙΗΣΙΣ ΤΟΥ ΡΥΜΟΤΟΜΙΚΟΥ ΣΧΕΔΙΟΥ ΘΕΣΣΑΛΟΝΙΚΗΣ
ΑΘΗΝΑΙ, 4.— Εἰς τὴν αἴθουσαν τοῦ ὑπουργείου ἐπραγματοποιήθη χθὲς σύσκεψις ὑπὸ τὴν προεδρίαν τοῦ ἁρμοδίου ὑφυπουργοῦ, κατὰ τὴν ὁποίαν ἐξητάσθησαν τὰ τρέχοντα ζητήματα καὶ ἐλήφθησαν σχετικαὶ ἀποφάσεις διὰ τὴν ταχυτέραν ἐκτέλεσιν τῶν ἔργων. Ὡς ἐτονίσθη, ἡ Κυβέρνησις θὰ συνεχίσῃ τὴν προσπάθειαν πρὸς ἐξυπηρέτησιν τῶν πολιτῶν καὶ τὴν ἀνάπτυξιν τῆς ἐπαρχίας, ἐνῷ ἐδόθησαν ὁδηγίαι εἰς τὰς ἁρμοδίας ὑπηρεσίας διὰ τὴν ἄμεσον ἐφαρμογὴν τῶν μέτρων. Ἐπίσης ἀνεκοινώθη ὅτι αἱ σχετικαὶ διατάξεις θὰ δημοσιευθοῦν προσεχῶς εἰς τὴν Ἐφημερίδα τῆς Κυβερνήσεως.
ΑΙ ΤΙΜΑΙ ΤΗΣ ΛΙΡΑΣ ΚΑΙ ΤΟΥ ΞΕΝΟΥ ΣΥΝΑΛΛΑΓΜΑΤΟΣ
Ἀγγλίας	428,00
Ἑλβετίας	420,00
Γαλλίας	388,00
Εἰκοσόφραγκον	383,00
Δολλάριον	29,50	30,10
Λίρα	62,02	72,50
Μάρκον	71,97	73,78
Ο κ. ΜΠΡΟΥΜΑΣ ΔΙΩΡΙΣΘΗ ΠΡΕΣΒΥΣ
ΑΘΗΝΑΙ, 4.— Εἰς τὴν αἴθουσαν τοῦ ὑπουργείου ἐπραγματοποιήθη χθὲς σύσκεψις ὑπὸ τὴν προεδρίαν τοῦ ἁρμοδίου ὑφυπουργοῦ, κατὰ τὴν ὁποίαν ἐξητάσθησαν τὰ τρέχοντα ζητήματα καὶ ἐλήφθησαν σχετικαὶ ἀποφάσεις διὰ τὴν ταχυτέραν ἐκτέλεσιν τῶν ἔργων. Ὡς ἐτονίσθη, ἡ Κυβέρνησις θὰ συνεχίσῃ τὴν προσπάθειαν πρὸς ἐξυπηρέτησιν τῶν πολιτῶν καὶ τὴν ἀνάπτυξιν τῆς ἐπαρχίας, ἐνῷ ἐδόθησαν ὁδηγίαι εἰς τὰς ἁρμοδίας ὑπηρεσίας διὰ τὴν ἄμεσον ἐφαρμογὴν τῶν μέτρων. Ἐπίσης ἀνεκοινώθη ὅτι αἱ σχετικαὶ διατάξεις θὰ δημοσιευθοῦν προσεχῶς εἰς τὴν Ἐφημερίδα τῆς Κυβερνήσεως.
ΕΣΠΑΣΕ ΜΕ ΡΟΠΑΛΟ ΤΟ ΚΕΦΑΛΙ ΤΟΥ ΓΑΜΒΡΟΥ ΤΟΥ
ΑΘΗΝΑΙ, 4.— Εἰς τὴν αἴθουσαν τοῦ ὑπουργείου ἐπραγματοποιήθη χθὲς σύσκεψις ὑπὸ τὴν προεδρίαν τοῦ ἁρμοδίου ὑφυπουργοῦ, κατὰ τὴν ὁποίαν ἐξητάσθησαν τὰ τρέχοντα ζητήματα καὶ ἐλήφθησαν σχετικαὶ ἀποφάσεις διὰ τὴν ταχυτέραν ἐκτέλεσιν τῶν ἔργων. Ὡς ἐτονίσθη, ἡ Κυβέρνησις θὰ συνεχίσῃ τὴν προσπάθειαν πρὸς ἐξυπηρέτησιν τῶν πολιτῶν καὶ τὴν ἀνάπτυξιν τῆς ἐπαρχίας, ἐνῷ ἐδόθησαν ὁδηγίαι εἰς τὰς ἁρμοδίας ὑπηρεσίας διὰ τὴν ἄμεσον ἐφαρμογὴν τῶν μέτρων. Ἐπίσης ἀνεκοινώθη ὅτι αἱ σχετικαὶ διατάξεις θὰ δημοσιευθοῦν προσεχῶς εἰς τὴν Ἐφημερίδα τῆς Κυβερνήσεως.
ΑΠΕΠΙΡΑΘΗΣΑΝ ΔΙΑ ΕΞΑΓΩΓΗΝ ΣΥΝΑΛΛΑΓΜΑ
ΑΘΗΝΑΙ, 4.— Εἰς τὴν αἴθουσαν τοῦ ὑπουργείου ἐπραγματοποιήθη χθὲς σύσκεψις ὑπὸ τὴν προεδρίαν τοῦ ἁρμοδίου ὑφυπουργοῦ, κατὰ τὴν ὁποίαν ἐξητάσθησαν τὰ τρέχοντα ζητήματα καὶ ἐλήφθησαν σχετικαὶ ἀποφάσεις διὰ τὴν ταχυτέραν ἐκτέλεσιν τῶν ἔργων. Ὡς ἐτονίσθη, ἡ Κυβέρνησις θὰ συνεχίσῃ τὴν προσπάθειαν πρὸς ἐξυπηρέτησιν τῶν πολιτῶν καὶ τὴν ἀνάπτυξιν τῆς ἐπαρχίας, ἐνῷ ἐδόθησαν ὁδηγίαι εἰς τὰς ἁρμοδίας ὑπηρεσίας διὰ τὴν ἄμεσον ἐφαρμογὴν τῶν μέτρων. Ἐπίσης ἀνεκοινώθη ὅτι αἱ σχετικαὶ διατάξεις θὰ δημοσιευθοῦν προσεχῶς εἰς τὴν Ἐφημερίδα τῆς Κυβερνήσεως.
ΠΡΟΦΥΛΑΚΙΣΘΗ Ο ΔΟΛΟΦΟΝΟΣ ΤΟΥ ΓΑΜΒΡΟΥ ΤΟΥ
ΑΘΗΝΑΙ, 4.— Εἰς τὴν αἴθουσαν τοῦ ὑπουργείου ἐπραγματοποιήθη χθὲς σύσκεψις ὑπὸ τὴν προεδρίαν τοῦ ἁρμοδίου ὑφυπουργοῦ, κατὰ τὴν ὁποίαν ἐξητάσθησαν τὰ τρέχοντα ζητήματα καὶ ἐλήφθησαν σχετικαὶ ἀποφάσεις διὰ τὴν ταχυτέραν ἐκτέλεσιν τῶν ἔργων. Ὡς ἐτονίσθη, ἡ Κυβέρνησις θὰ συνεχίσῃ τὴν προσπάθειαν πρὸς ἐξυπηρέτησιν τῶν πολιτῶν καὶ τὴν ἀνάπτυξιν τῆς ἐπαρχίας, ἐνῷ ἐδόθησαν ὁδηγίαι εἰς τὰς ἁρμοδίας ὑπηρεσίας διὰ τὴν ἄμεσον ἐφαρμογὴν τῶν μέτρων. Ἐπίσης ἀνεκοινώθη ὅτι αἱ σχετικαὶ διατάξεις θὰ δημοσιευθοῦν προσεχῶς εἰς τὴν Ἐφημερίδα τῆς Κυβερνήσεως.
ΚΑΤΕΣΤΡΕΦΑΝ ΕΡΟΤΙΚΑ ΜΕΣΑ ΔΙΑΔΟΣΕΩΣ
ΑΘΗΝΑΙ, 4.— Εἰς τὴν αἴθουσαν τοῦ ὑπουργείου ἐπραγματοποιήθη χθὲς σύσκεψις ὑπὸ τὴν προεδρίαν τοῦ ἁρμοδίου ὑφυπουργοῦ, κατὰ τὴν ὁποίαν ἐξητάσθησαν τὰ τρέχοντα ζητήματα καὶ ἐλήφθησαν σχετικαὶ ἀποφάσεις διὰ τὴν ταχυτέραν ἐκτέλεσιν τῶν ἔργων. Ὡς ἐτονίσθη, ἡ Κυβέρνησις θὰ συνεχίσῃ τὴν προσπάθειαν πρὸς ἐξυπηρέτησιν τῶν πολιτῶν καὶ τὴν ἀνάπτυξιν τῆς ἐπαρχίας, ἐνῷ ἐδόθησαν ὁδηγίαι εἰς τὰς ἁρμοδίας ὑπηρεσίας διὰ τὴν ἄμεσον ἐφαρμογὴν τῶν μέτρων. Ἐπίσης ἀνεκοινώθη ὅτι αἱ σχετικαὶ διατάξεις θὰ δημοσιευθοῦν προσεχῶς εἰς τὴν Ἐφημερίδα τῆς Κυβερνήσεως.
ΕΚΠΑΙΔΕΥΣΙΣ ΕΙΣ ΤΗΝ ΚΟΝΣΕΡΒΟΠΟΙΗΣΙΝ ΦΡΟΥΤΩΝ ΚΑΙ ΛΑΧΑΝΙΚΩΝ
ΑΘΗΝΑΙ, 4.— Εἰς τὴν αἴθουσαν τοῦ ὑπουργείου ἐπραγματοποιήθη χθὲς σύσκεψις ὑπὸ τὴν προεδρίαν τοῦ ἁρμοδίου ὑφυπουργοῦ, κατὰ τὴν ὁποίαν ἐξητάσθησαν τὰ τρέχοντα ζητήματα καὶ ἐλήφθησαν σχετικαὶ ἀποφάσεις διὰ τὴν ταχυτέραν ἐκτέλεσιν τῶν ἔργων. Ὡς ἐτονίσθη, ἡ Κυβέρνησις θὰ συνεχίσῃ τὴν προσπάθειαν πρὸς ἐξυπηρέτησιν τῶν πολιτῶν καὶ τὴν ἀνάπτυξιν τῆς ἐπαρχίας, ἐνῷ ἐδόθησαν ὁδηγίαι εἰς τὰς ἁρμοδίας ὑπηρεσίας διὰ τὴν ἄμεσον ἐφαρμογὴν τῶν μέτρων. Ἐπίσης ἀνεκοινώθη ὅτι αἱ σχετικαὶ διατάξεις θὰ δημοσιευθοῦν προσεχῶς εἰς τὴν Ἐφημερίδα τῆς Κυβερνήσεως.
Ο κ. ΚΟΥΛΗΣ ΘΑ ΕΠΙΣΚΕΦΘΗ ΤΗΝ ΚΑΒΑΛΑΝ
ΑΘΗΝΑΙ, 4.— Εἰς τὴν αἴθουσαν τοῦ ὑπουργείου ἐπραγματοποιήθη χθὲς σύσκεψις ὑπὸ τὴν προεδρίαν τοῦ ἁρμοδίου ὑφυπουργοῦ, κατὰ τὴν ὁποίαν ἐξητάσθησαν τὰ τρέχοντα ζητήματα καὶ ἐλήφθησαν σχετικαὶ ἀποφάσεις διὰ τὴν ταχυτέραν ἐκτέλεσιν τῶν ἔργων. Ὡς ἐτονίσθη, ἡ Κυβέρνησις θὰ συνεχίσῃ τὴν προσπάθειαν πρὸς ἐξυπηρέτησιν τῶν πολιτῶν καὶ τὴν ἀνάπτυξιν τῆς ἐπαρχίας, ἐνῷ ἐδόθησαν ὁδηγίαι εἰς τὰς ἁρμοδίας ὑπηρεσίας διὰ τὴν ἄμεσον ἐφαρμογὴν τῶν μέτρων. Ἐπίσης ἀνεκοινώθη ὅτι αἱ σχετικαὶ διατάξεις θὰ δημοσιευθοῦν προσεχῶς εἰς τὴν Ἐφημερίδα τῆς Κυβερνήσεως.
ΠΑΡΑΓΩΓΗ ΑΓΓΟΥΡΙΩΝ ΕΙΣ ΠΕΡΙΟΧΗΝ ΞΑΝΘΗΣ ΠΡΟΣ ΕΞΑΓΩΓΗΝ
ΑΘΗΝΑΙ, 4.— Εἰς τὴν αἴθουσαν τοῦ ὑπουργείου ἐπραγματοποιήθη χθὲς σύσκεψις ὑπὸ τὴν προεδρίαν τοῦ ἁρμοδίου ὑφυπουργοῦ, κατὰ τὴν ὁποίαν ἐξητάσθησαν τὰ τρέχοντα ζητήματα καὶ ἐλήφθησαν σχετικαὶ ἀποφάσεις διὰ τὴν ταχυτέραν ἐκτέλεσιν τῶν ἔργων. Ὡς ἐτονίσθη, ἡ Κυβέρνησις θὰ συνεχίσῃ τὴν προσπάθειαν πρὸς ἐξυπηρέτησιν τῶν πολιτῶν καὶ τὴν ἀνάπτυξιν τῆς ἐπαρχίας, ἐνῷ ἐδόθησαν ὁδηγίαι εἰς τὰς ἁρμοδίας ὑπηρεσίας διὰ τὴν ἄμεσον ἐφαρμογὴν τῶν μέτρων. Ἐπίσης ἀνεκοινώθη ὅτι αἱ σχετικαὶ διατάξεις θὰ δημοσιευθοῦν προσεχῶς εἰς τὴν Ἐφημερίδα τῆς Κυβερνήσεως.
Καθωρίσθησαν τὰ κατώτατα ὅρια ἡμερομισθίων ἐκτάκτων ὑπαλλήλων Δήμου Θεσσαλονίκης καὶ ἐργατοτεχνικοῦ προσωπικοῦ κονσερβοποιΐας
ΑΘΗΝΑΙ, 4.— ΑΘΗΝΑΙ, 4.— Εἰς τὴν αἴθουσαν τοῦ ὑπουργείου ἐπραγματοποιήθη χθὲς σύσκεψις ὑπὸ τὴν προεδρίαν τοῦ ἁρμοδίου ὑφυπουργοῦ, κατὰ τὴν ὁποίαν ἐξητάσθησαν τὰ τρέχοντα ζητήματα καὶ ἐλήφθησαν σχετικαὶ ἀποφάσεις διὰ τὴν ταχυτέραν ἐκτέλεσιν τῶν ἔργων. Ὡς ἐτονίσθη, ἡ Κυβέρνησις θὰ συνεχίσῃ τὴν προσπάθειαν πρὸς ἐξυπηρέτησιν τῶν πολιτῶν καὶ τὴν ἀνάπτυξιν τῆς ἐπαρχίας, ἐνῷ ἐδόθησαν ὁδηγίαι εἰς τὰς ἁρμοδίας ὑπηρεσίας διὰ τὴν ἄμεσον ἐφαρμογὴν τῶν μέτρων. Ἐπίσης ἀνεκοινώθη ὅτι αἱ σχετικαὶ διατάξεις θὰ δημοσιευθοῦν προσεχῶς εἰς τὴν Ἐφημερίδα τῆς Κυβερνήσεως.
ΑΘΗΝΑΙ, 4.— Εἰς τὴν αἴθουσαν τοῦ ὑπουργείου ἐπραγματοποιήθη χθὲς σύσκεψις ὑπὸ τὴν προεδρίαν τοῦ ἁρμοδίου ὑφυπουργοῦ, κατὰ τὴν ὁποίαν ἐξητάσθησαν τὰ τρέχοντα ζητήματα καὶ ἐλήφθησαν σχετικαὶ ἀποφάσεις διὰ τὴν ταχυτέραν ἐκτέλεσιν τῶν ἔργων. Ὡς ἐτονίσθη, ἡ Κυβέρνησις θὰ συνεχίσῃ τὴν προσπάθειαν πρὸς ἐξυπηρέτησιν τῶν πολιτῶν καὶ τὴν ἀνάπτυξιν τῆς ἐπαρχίας, ἐνῷ ἐδόθησαν ὁδηγίαι εἰς τὰς ἁρμοδίας ὑπηρεσίας διὰ τὴν ἄμεσον ἐφαρμογὴν τῶν μέτρων. Ἐπίσης ἀνεκοινώθη ὅτι αἱ σχετικαὶ διατάξεις θὰ δημοσιευθοῦν προσεχῶς εἰς τὴν Ἐφημερίδα τῆς Κυβερνήσεως.
ΑΘΗΝΑΙ, 4.— Εἰς τὴν αἴθουσαν τοῦ ὑπουργείου ἐπραγματοποιήθη χθὲς σύσκεψις ὑπὸ τὴν προεδρίαν τοῦ ἁρμοδίου ὑφυπουργοῦ, κατὰ τὴν ὁποίαν ἐξητάσθησαν τὰ τρέχοντα ζητήματα καὶ ἐλήφθησαν σχετικαὶ ἀποφάσεις διὰ τὴν ταχυτέραν ἐκτέλεσιν τῶν ἔργων. Ὡς ἐτονίσθη, ἡ Κυβέρνησις θὰ συνεχίσῃ τὴν προσπάθειαν πρὸς ἐξυπηρέτησιν τῶν πολιτῶν καὶ τὴν ἀνάπτυξιν τῆς ἐπαρχίας, ἐνῷ ἐδόθησαν ὁδηγίαι εἰς τὰς ἁρμοδίας ὑπηρεσίας διὰ τὴν ἄμεσον ἐφαρμογὴν τῶν μέτρων. Ἐπίσης ἀνεκοινώθη ὅτι αἱ σχετικαὶ διατάξεις θὰ δημοσιευθοῦν προσεχῶς εἰς τὴν Ἐφημερίδα τῆς Κυβερνήσεως.
ΚΟΝΣΕΡΒΟΠΟΙΪΑ
ΑΘΗΝΑΙ, 4.— Εἰς τὴν αἴθουσαν τοῦ ὑπουργείου ἐπραγματοποιήθη χθὲς σύσκεψις ὑπὸ τὴν προεδρίαν τοῦ ἁρμοδίου ὑφυπουργοῦ, κατὰ τὴν ὁποίαν ἐξητάσθησαν τὰ τρέχοντα ζητήματα καὶ ἐλήφθησαν σχετικαὶ ἀποφάσεις διὰ τὴν ταχυτέραν ἐκτέλεσιν τῶν ἔργων. Ὡς ἐτονίσθη, ἡ Κυβέρνησις θὰ συνεχίσῃ τὴν προσπάθειαν πρὸς ἐξυπηρέτησιν τῶν πολιτῶν καὶ τὴν ἀνάπτυξιν τῆς ἐπαρχίας, ἐνῷ ἐδόθησαν ὁδηγίαι εἰς τὰς ἁρμοδίας ὑπηρεσίας διὰ τὴν ἄμεσον ἐφαρμογὴν τῶν μέτρων. Ἐπίσης ἀνεκοινώθη ὅτι αἱ σχετικαὶ διατάξεις θὰ δημοσιευθοῦν προσεχῶς εἰς τὴν Ἐφημερίδα τῆς Κυβερνήσεως.
ΑΘΗΝΑΙ, 4.— Εἰς τὴν αἴθουσαν τοῦ ὑπουργείου ἐπραγματοποιήθη χθὲς σύσκεψις ὑπὸ τὴν προεδρίαν τοῦ ἁρμοδίου ὑφυπουργοῦ, κατὰ τὴν ὁποίαν ἐξητάσθησαν τὰ τρέχοντα ζητήματα καὶ ἐλήφθησαν σχετικαὶ ἀποφάσεις διὰ τὴν ταχυτέραν ἐκτέλεσιν τῶν ἔργων. Ὡς ἐτονίσθη, ἡ Κυβέρνησις θὰ συνεχίσῃ τὴν προσπάθειαν πρὸς ἐξυπηρέτησιν τῶν πολιτῶν καὶ τὴν ἀνάπτυξιν τῆς ἐπαρχίας, ἐνῷ ἐδόθησαν ὁδηγίαι εἰς τὰς ἁρμοδίας ὑπηρεσίας διὰ τὴν ἄμεσον ἐφαρμογὴν τῶν μέτρων. Ἐπίσης ἀνεκοινώθη ὅτι αἱ σχετικαὶ διατάξεις θὰ δημοσιευθοῦν προσεχῶς εἰς τὴν Ἐφημερίδα τῆς Κυβερνήσεως.
ΑΘΗΝΑΙ, 4.— Εἰς τὴν αἴθουσαν τοῦ ὑπουργείου ἐπραγματοποιήθη χθὲς σύσκεψις ὑπὸ τὴν προεδρίαν τοῦ ἁρμοδίου ὑφυπουργοῦ, κατὰ τὴν ὁποίαν ἐξητάσθησαν τὰ τρέχοντα ζητήματα καὶ ἐλήφθησαν σχετικαὶ ἀποφάσεις διὰ τὴν ταχυτέραν ἐκτέλεσιν τῶν ἔργων. Ὡς ἐτονίσθη, ἡ Κυβέρνησις θὰ συνεχίσῃ τὴν προσπάθειαν πρὸς ἐξυπηρέτησιν τῶν πολιτῶν καὶ τὴν ἀνάπτυξιν τῆς ἐπαρχίας, ἐνῷ ἐδόθησαν ὁδηγίαι εἰς τὰς ἁρμοδίας ὑπηρεσίας διὰ τὴν ἄμεσον ἐφαρμογὴν τῶν μέτρων. Ἐπίσης ἀνεκοινώθη ὅτι αἱ σχετικαὶ διατάξεις θὰ δημοσιευθοῦν προσεχῶς εἰς τὴν Ἐφημερίδα τῆς Κυβερνήσεως.
ΑΝΕΙΔΙΚΕΥΤΟΙ
ΑΘΗΝΑΙ, 4.— Εἰς τὴν αἴθουσαν τοῦ ὑπουργείου ἐπραγματοποιήθη χθὲς σύσκεψις ὑπὸ τὴν προεδρίαν τοῦ ἁρμοδίου ὑφυπουργοῦ, κατὰ τὴν ὁποίαν ἐξητάσθησαν τὰ τρέχοντα ζητήματα καὶ ἐλήφθησαν σχετικαὶ ἀποφάσεις διὰ τὴν ταχυτέραν ἐκτέλεσιν τῶν ἔργων. Ὡς ἐτονίσθη, ἡ Κυβέρνησις θὰ συνεχίσῃ τὴν προσπάθειαν πρὸς ἐξυπηρέτησιν τῶν πολιτῶν καὶ τὴν ἀνάπτυξιν τῆς ἐπαρχίας, ἐνῷ ἐδόθησαν ὁδηγίαι εἰς τὰς ἁρμοδίας ὑπηρεσίας διὰ τὴν ἄμεσον ἐφαρμογὴν τῶν μέτρων. Ἐπίσης ἀνεκοινώθη ὅτι αἱ σχετικαὶ διατάξεις θὰ δημοσιευθοῦν προσεχῶς εἰς τὴν Ἐφημερίδα τῆς Κυβερνήσεως.
ΑΘΗΝΑΙ, 4.— Εἰς τὴν αἴθουσαν τοῦ ὑπουργείου ἐπραγματοποιήθη χθὲς σύσκεψις ὑπὸ τὴν προεδρίαν τοῦ ἁρμοδίου ὑφυπουργοῦ, κατὰ τὴν ὁποίαν ἐξητάσθησαν τὰ τρέχοντα ζητήματα καὶ ἐλήφθησαν σχετικαὶ ἀποφάσεις διὰ τὴν ταχυτέραν ἐκτέλεσιν τῶν ἔργων. Ὡς ἐτονίσθη, ἡ Κυβέρνησις θὰ συνεχίσῃ τὴν προσπάθειαν πρὸς ἐξυπηρέτησιν τῶν πολιτῶν καὶ τὴν ἀνάπτυξιν τῆς ἐπαρχίας, ἐνῷ ἐδόθησαν ὁδηγίαι εἰς τὰς ἁρμοδίας ὑπηρεσίας διὰ τὴν ἄμεσον ἐφαρμογὴν τῶν μέτρων. Ἐπίσης ἀνεκοινώθη ὅτι αἱ σχετικαὶ διατάξεις θὰ δημοσιευθοῦν προσεχῶς εἰς τὴν Ἐφημερίδα τῆς Κυβερνήσεως.
ΜΑΘΗΤΕΥΟΜΕΝΟΙ
ΑΘΗΝΑΙ, 4.— Εἰς τὴν αἴθουσαν τοῦ ὑπουργείου ἐπραγματοποιήθη χθὲς σύσκεψις ὑπὸ τὴν προεδρίαν τοῦ ἁρμοδίου ὑφυπουργοῦ, κατὰ τὴν ὁποίαν ἐξητάσθησαν τὰ τρέχοντα ζητήματα καὶ ἐλήφθησαν σχετικαὶ ἀποφάσεις διὰ τὴν ταχυτέραν ἐκτέλεσιν τῶν ἔργων. Ὡς ἐτονίσθη, ἡ Κυβέρνησις θὰ συνεχίσῃ τὴν προσπάθειαν πρὸς ἐξυπηρέτησιν τῶν πολιτῶν καὶ τὴν ἀνάπτυξιν τῆς ἐπαρχίας, ἐνῷ ἐδόθησαν ὁδηγίαι εἰς τὰς ἁρμοδίας ὑπηρεσίας διὰ τὴν ἄμεσον ἐφαρμογὴν τῶν μέτρων. Ἐπίσης ἀνεκοινώθη ὅτι αἱ σχετικαὶ διατάξεις θὰ δημοσιευθοῦν προσεχῶς εἰς τὴν Ἐφημερίδα τῆς Κυβερνήσεως.
ΑΘΗΝΑΙ, 4.— Εἰς τὴν αἴθουσαν τοῦ ὑπουργείου ἐπραγματοποιήθη χθὲς σύσκεψις ὑπὸ τὴν προεδρίαν τοῦ ἁρμοδίου ὑφυπουργοῦ, κατὰ τὴν ὁποίαν ἐξητάσθησαν τὰ τρέχοντα ζητήματα καὶ ἐλήφθησαν σχετικαὶ ἀποφάσεις διὰ τὴν ταχυτέραν ἐκτέλεσιν τῶν ἔργων. Ὡς ἐτονίσθη, ἡ Κυβέρνησις θὰ συνεχίσῃ τὴν προσπάθειαν πρὸς ἐξυπηρέτησιν τῶν πολιτῶν καὶ τὴν ἀνάπτυξιν τῆς ἐπαρχίας, ἐνῷ ἐδόθησαν ὁδηγίαι εἰς τὰς ἁρμοδίας ὑπηρεσίας διὰ τὴν ἄμεσον ἐφαρμογὴν τῶν μέτρων. Ἐπίσης ἀνεκοινώθη ὅτι αἱ σχετικαὶ διατάξεις θὰ δημοσιευθοῦν προσεχῶς εἰς τὴν Ἐφημερίδα τῆς Κυβερνήσεως.
ΑΘΗΝΑΙ, 4.— Εἰς τὴν αἴθουσαν τοῦ ὑπουργείου ἐπραγματοποιήθη χθὲς σύσκεψις ὑπὸ τὴν προεδρίαν τοῦ ἁρμοδίου ὑφυπουργοῦ, κατὰ τὴν ὁποίαν ἐξητάσθησαν τὰ τρέχοντα ζητήματα καὶ ἐλήφθησαν σχετικαὶ ἀποφάσεις διὰ τὴν ταχυτέραν ἐκτέλεσιν τῶν ἔργων. Ὡς ἐτονίσθη, ἡ Κυβέρνησις θὰ συνεχίσῃ τὴν προσπάθειαν πρὸς ἐξυπηρέτησιν τῶν πολιτῶν καὶ τὴν ἀνάπτυξιν τῆς ἐπαρχίας, ἐνῷ ἐδόθησαν ὁδηγίαι εἰς τὰς ἁρμοδίας ὑπηρεσίας διὰ τὴν ἄμεσον ἐφαρμογὴν τῶν μέτρων. Ἐπίσης ἀνεκοινώθη ὅτι αἱ σχετικαὶ διατάξεις θὰ δημοσιευθοῦν προσεχῶς εἰς τὴν Ἐφημερίδα τῆς Κυβερνήσεως.
ΜΕΧΡΙ 31ΗΣ ΔΕΚΕΜΒΡΙΟΥ ΙΣΧΥΕΙ ΤΟ ΠΡΟΝΟΜΙΟΝ ΤΗΣ ΑΦΟΡΟΛΟΓΗΤΟΥ ΕΚΠΤΩΣΕΩΣ ΚΕΡΔΩΝ ΒΙΟΜΗΧΑΝΙΚΩΝ ΕΠΕΝΔΥΣΕΩΝ ΤΟΥ ΝΟΜΟΥ 2687/53
ΑΘΗΝΑΙ, 4.— ΑΘΗΝΑΙ, 4.— Εἰς τὴν αἴθουσαν τοῦ ὑπουργείου ἐπραγματοποιήθη χθὲς σύσκεψις ὑπὸ τὴν προεδρίαν τοῦ ἁρμοδίου ὑφυπουργοῦ, κατὰ τὴν ὁποίαν ἐξητάσθησαν τὰ τρέχοντα ζητήματα καὶ ἐλήφθησαν σχετικαὶ ἀποφάσεις διὰ τὴν ταχυτέραν ἐκτέλεσιν τῶν ἔργων. Ὡς ἐτονίσθη, ἡ Κυβέρνησις θὰ συνεχίσῃ τὴν προσπάθειαν πρὸς ἐξυπηρέτησιν τῶν πολιτῶν καὶ τὴν ἀνάπτυξιν τῆς ἐπαρχίας, ἐνῷ ἐδόθησαν ὁδηγίαι εἰς τὰς ἁρμοδίας ὑπηρεσίας διὰ τὴν ἄμεσον ἐφαρμογὴν τῶν μέτρων. Ἐπίσης ἀνεκοινώθη ὅτι αἱ σχετικαὶ διατάξεις θὰ δημοσιευθοῦν προσεχῶς εἰς τὴν Ἐφημερίδα τῆς Κυβερνήσεως.
ΑΘΗΝΑΙ, 4.— Εἰς τὴν αἴθουσαν τοῦ ὑπουργείου ἐπραγματοποιήθη χθὲς σύσκεψις ὑπὸ τὴν προεδρίαν τοῦ ἁρμοδίου ὑφυπουργοῦ, κατὰ τὴν ὁποίαν ἐξητάσθησαν τὰ τρέχοντα ζητήματα καὶ ἐλήφθησαν σχετικαὶ ἀποφάσεις διὰ τὴν ταχυτέραν ἐκτέλεσιν τῶν ἔργων. Ὡς ἐτονίσθη, ἡ Κυβέρνησις θὰ συνεχίσῃ τὴν προσπάθειαν πρὸς ἐξυπηρέτησιν τῶν πολιτῶν καὶ τὴν ἀνάπτυξιν τῆς ἐπαρχίας, ἐνῷ ἐδόθησαν ὁδηγίαι εἰς τὰς ἁρμοδίας ὑπηρεσίας διὰ τὴν ἄμεσον ἐφαρμογὴν τῶν μέτρων. Ἐπίσης ἀνεκοινώθη ὅτι αἱ σχετικαὶ διατάξεις θὰ δημοσιευθοῦν προσεχῶς εἰς τὴν Ἐφημερίδα τῆς Κυβερνήσεως.
ΑΘΗΝΑΙ, 4.— Εἰς τὴν αἴθουσαν τοῦ ὑπουργείου ἐπραγματοποιήθη χθὲς σύσκεψις ὑπὸ τὴν προεδρίαν τοῦ ἁρμοδίου ὑφυπουργοῦ, κατὰ τὴν ὁποίαν ἐξητάσθησαν τὰ τρέχοντα ζητήματα καὶ ἐλήφθησαν σχετικαὶ ἀποφάσεις διὰ τὴν ταχυτέραν ἐκτέλεσιν τῶν ἔργων. Ὡς ἐτονίσθη, ἡ Κυβέρνησις θὰ συνεχίσῃ τὴν προσπάθειαν πρὸς ἐξυπηρέτησιν τῶν πολιτῶν καὶ τὴν ἀνάπτυξιν τῆς ἐπαρχίας, ἐνῷ ἐδόθησαν ὁδηγίαι εἰς τὰς ἁρμοδίας ὑπηρεσίας διὰ τὴν ἄμεσον ἐφαρμογὴν τῶν μέτρων. Ἐπίσης ἀνεκοινώθη ὅτι αἱ σχετικαὶ διατάξεις θὰ δημοσιευθοῦν προσεχῶς εἰς τὴν Ἐφημερίδα τῆς Κυβερνήσεως.
ΕΥΗΘΙΣΙΟΝ ΤΟ Ν.Δ. ΠΕΡΙ ΚΑΘΟΡΙΣΜΟΥ ΤΟΥ ΟΙΚΟΓΕΝΕΙΑΚΟΥ ΙΑΤΡΟΥ ΔΙ' ΗΣΦΑΛΙΣΜΕΝΟΥΣ ΤΟΥ ΙΚΑ
ΑΘΗΝΑΙ, 4.— Εἰς τὴν αἴθουσαν τοῦ ὑπουργείου ἐπραγματοποιήθη χθὲς σύσκεψις ὑπὸ τὴν προεδρίαν τοῦ ἁρμοδίου ὑφυπουργοῦ, κατὰ τὴν ὁποίαν ἐξητάσθησαν τὰ τρέχοντα ζητήματα καὶ ἐλήφθησαν σχετικαὶ ἀποφάσεις διὰ τὴν ταχυτέραν ἐκτέλεσιν τῶν ἔργων. Ὡς ἐτονίσθη, ἡ Κυβέρνησις θὰ συνεχίσῃ τὴν προσπάθειαν πρὸς ἐξυπηρέτησιν τῶν πολιτῶν καὶ τὴν ἀνάπτυξιν τῆς ἐπαρχίας, ἐνῷ ἐδόθησαν ὁδηγίαι εἰς τὰς ἁρμοδίας ὑπηρεσίας διὰ τὴν ἄμεσον ἐφαρμογὴν τῶν μέτρων. Ἐπίσης ἀνεκοινώθη ὅτι αἱ σχετικαὶ διατάξεις θὰ δημοσιευθοῦν προσεχῶς εἰς τὴν Ἐφημερίδα τῆς Κυβερνήσεως.
ΑΘΗΝΑΙ, 4.— Εἰς τὴν αἴθουσαν τοῦ ὑπουργείου ἐπραγματοποιήθη χθὲς σύσκεψις ὑπὸ τὴν προεδρίαν τοῦ ἁρμοδίου ὑφυπουργοῦ, κατὰ τὴν ὁποίαν ἐξητάσθησαν τὰ τρέχοντα ζητήματα καὶ ἐλήφθησαν σχετικαὶ ἀποφάσεις διὰ τὴν ταχυτέραν ἐκτέλεσιν τῶν ἔργων. Ὡς ἐτονίσθη, ἡ Κυβέρνησις θὰ συνεχίσῃ τὴν προσπάθειαν πρὸς ἐξυπηρέτησιν τῶν πολιτῶν καὶ τὴν ἀνάπτυξιν τῆς ἐπαρχίας, ἐνῷ ἐδόθησαν ὁδηγίαι εἰς τὰς ἁρμοδίας ὑπηρεσίας διὰ τὴν ἄμεσον ἐφαρμογὴν τῶν μέτρων. Ἐπίσης ἀνεκοινώθη ὅτι αἱ σχετικαὶ διατάξεις θὰ δημοσιευθοῦν προσεχῶς εἰς τὴν Ἐφημερίδα τῆς Κυβερνήσεως.
ΠΥΡΗΝΙΚΟΙ ΕΜΠΕΙΡΟΓΝΩΜΟΝΕΣ ΑΦΙΧΘΗΣΑΝ ΕΙΣ ΑΘΗΝΑΣ ΠΡΟΣ ΕΞΕΤΑΣΙΝ ΤΩΝ ΕΝΕΡΓΕΙΑΚΩΝ ΑΝΑΓΚΩΝ ΤΗΣ ΧΩΡΑΣ
ΑΘΗΝΑΙ, 4.— ΑΘΗΝΑΙ, 4.— Εἰς τὴν αἴθουσαν τοῦ ὑπουργείου ἐπραγματοποιήθη χθὲς σύσκεψις ὑπὸ τὴν προεδρίαν τοῦ ἁρμοδίου ὑφυπουργοῦ, κατὰ τὴν ὁποίαν ἐξητάσθησαν τὰ τρέχοντα ζητήματα καὶ ἐλήφθησαν σχετικαὶ ἀποφάσεις διὰ τὴν ταχυτέραν ἐκτέλεσιν τῶν ἔργων. Ὡς ἐτονίσθη, ἡ Κυβέρνησις θὰ συνεχίσῃ τὴν προσπάθειαν πρὸς ἐξυπηρέτησιν τῶν πολιτῶν καὶ τὴν ἀνάπτυξιν τῆς ἐπαρχίας, ἐνῷ ἐδόθησαν ὁδηγίαι εἰς τὰς ἁρμοδίας ὑπηρεσίας διὰ τὴν ἄμεσον ἐφαρμογὴν τῶν μέτρων. Ἐπίσης ἀνεκοινώθη ὅτι αἱ σχετικαὶ διατάξεις θὰ δημοσιευθοῦν προσεχῶς εἰς τὴν Ἐφημερίδα τῆς Κυβερνήσεως.
ΑΘΗΝΑΙ, 4.— Εἰς τὴν αἴθουσαν τοῦ ὑπουργείου ἐπραγματοποιήθη χθὲς σύσκεψις ὑπὸ τὴν προεδρίαν τοῦ ἁρμοδίου ὑφυπουργοῦ, κατὰ τὴν ὁποίαν ἐξητάσθησαν τὰ τρέχοντα ζητήματα καὶ ἐλήφθησαν σχετικαὶ ἀποφάσεις διὰ τὴν ταχυτέραν ἐκτέλεσιν τῶν ἔργων. Ὡς ἐτονίσθη, ἡ Κυβέρνησις θὰ συνεχίσῃ τὴν προσπάθειαν πρὸς ἐξυπηρέτησιν τῶν πολιτῶν καὶ τὴν ἀνάπτυξιν τῆς ἐπαρχίας, ἐνῷ ἐδόθησαν ὁδηγίαι εἰς τὰς ἁρμοδίας ὑπηρεσίας διὰ τὴν ἄμεσον ἐφαρμογὴν τῶν μέτρων. Ἐπίσης ἀνεκοινώθη ὅτι αἱ σχετικαὶ διατάξεις θὰ δημοσιευθοῦν προσεχῶς εἰς τὴν Ἐφημερίδα τῆς Κυβερνήσεως.
ΑΘΗΝΑΙ, 4.— Εἰς τὴν αἴθουσαν τοῦ ὑπουργείου ἐπραγματοποιήθη χθὲς σύσκεψις ὑπὸ τὴν προεδρίαν τοῦ ἁρμοδίου ὑφυπουργοῦ, κατὰ τὴν ὁποίαν ἐξητάσθησαν τὰ τρέχοντα ζητήματα καὶ ἐλήφθησαν σχετικαὶ ἀποφάσεις διὰ τὴν ταχυτέραν ἐκτέλεσιν τῶν ἔργων. Ὡς ἐτονίσθη, ἡ Κυβέρνησις θὰ συνεχίσῃ τὴν προσπάθειαν πρὸς ἐξυπηρέτησιν τῶν πολιτῶν καὶ τὴν ἀνάπτυξιν τῆς ἐπαρχίας, ἐνῷ ἐδόθησαν ὁδηγίαι εἰς τὰς ἁρμοδίας ὑπηρεσίας διὰ τὴν ἄμεσον ἐφαρμογὴν τῶν μέτρων. Ἐπίσης ἀνεκοινώθη ὅτι αἱ σχετικαὶ διατάξεις θὰ δημοσιευθοῦν προσεχῶς εἰς τὴν Ἐφημερίδα τῆς Κυβερνήσεως.
ΕΞΑΣΚΗΣΙΣ ΣΠΟΥΔΑΣΤΩΝ ΤΩΝ ΔΗΜΟΣΙΩΝ ΤΕΧΝΙΚΩΝ ΣΧΟΛΩΝ
ΑΘΗΝΑΙ, 4.— Εἰς τὴν αἴθουσαν τοῦ ὑπουργείου ἐπραγματοποιήθη χθὲς σύσκεψις ὑπὸ τὴν προεδρίαν τοῦ ἁρμοδίου ὑφυπουργοῦ, κατὰ τὴν ὁποίαν ἐξητάσθησαν τὰ τρέχοντα ζητήματα καὶ ἐλήφθησαν σχετικαὶ ἀποφάσεις διὰ τὴν ταχυτέραν ἐκτέλεσιν τῶν ἔργων. Ὡς ἐτονίσθη, ἡ Κυβέρνησις θὰ συνεχίσῃ τὴν προσπάθειαν πρὸς ἐξυπηρέτησιν τῶν πολιτῶν καὶ τὴν ἀνάπτυξιν τῆς ἐπαρχίας, ἐνῷ ἐδόθησαν ὁδηγίαι εἰς τὰς ἁρμοδίας ὑπηρεσίας διὰ τὴν ἄμεσον ἐφαρμογὴν τῶν μέτρων. Ἐπίσης ἀνεκοινώθη ὅτι αἱ σχετικαὶ διατάξεις θὰ δημοσιευθοῦν προσεχῶς εἰς τὴν Ἐφημερίδα τῆς Κυβερνήσεως.
Η ΑΥΣΤΡΑΛΙΑ ΠΕΡΙΟΡΙΖΕΙ ΤΟΥΣ «ΟΥΣΤΑΣΙ» ΜΕΤΑ ΤΑΣ ΔΙΑΜΑΡΤΥΡΙΑΣ ΤΟΥ ΒΕΛΙΓΡΑΔΙΟΥ
ΣΥΝΕΧΕΙΑ ΕΚ ΤΗΣ 1ΗΣ ΣΕΛ. ΑΘΗΝΑΙ, 4.— Εἰς τὴν αἴθουσαν τοῦ ὑπουργείου ἐπραγματοποιήθη χθὲς σύσκεψις ὑπὸ τὴν προεδρίαν τοῦ ἁρμοδίου ὑφυπουργοῦ, κατὰ τὴν ὁποίαν ἐξητάσθησαν τὰ τρέχοντα ζητήματα καὶ ἐλήφθησαν σχετικαὶ ἀποφάσεις διὰ τὴν ταχυτέραν ἐκτέλεσιν τῶν ἔργων. Ὡς ἐτονίσθη, ἡ Κυβέρνησις θὰ συνεχίσῃ τὴν προσπάθειαν πρὸς ἐξυπηρέτησιν τῶν πολιτῶν καὶ τὴν ἀνάπτυξιν τῆς ἐπαρχίας, ἐνῷ ἐδόθησαν ὁδηγίαι εἰς τὰς ἁρμοδίας ὑπηρεσίας διὰ τὴν ἄμεσον ἐφαρμογὴν τῶν μέτρων. Ἐπίσης ἀνεκοινώθη ὅτι αἱ σχετικαὶ διατάξεις θὰ δημοσιευθοῦν προσεχῶς εἰς τὴν Ἐφημερίδα τῆς Κυβερνήσεως.
ΑΝΘΡΩΠΟΚΥΝΗΓΗ
ΑΘΗΝΑΙ, 4.— Εἰς τὴν αἴθουσαν τοῦ ὑπουργείου ἐπραγματοποιήθη χθὲς σύσκεψις ὑπὸ τὴν προεδρίαν τοῦ ἁρμοδίου ὑφυπουργοῦ, κατὰ τὴν ὁποίαν ἐξητάσθησαν τὰ τρέχοντα ζητήματα καὶ ἐλήφθησαν σχετικαὶ ἀποφάσεις διὰ τὴν ταχυτέραν ἐκτέλεσιν τῶν ἔργων. Ὡς ἐτονίσθη, ἡ Κυβέρνησις θὰ συνεχίσῃ τὴν προσπάθειαν πρὸς ἐξυπηρέτησιν τῶν πολιτῶν καὶ τὴν ἀνάπτυξιν τῆς ἐπαρχίας, ἐνῷ ἐδόθησαν ὁδηγίαι εἰς τὰς ἁρμοδίας ὑπηρεσίας διὰ τὴν ἄμεσον ἐφαρμογὴν τῶν μέτρων. Ἐπίσης ἀνεκοινώθη ὅτι αἱ σχετικαὶ διατάξεις θὰ δημοσιευθοῦν προσεχῶς εἰς τὴν Ἐφημερίδα τῆς Κυβερνήσεως.
Η ΣΤΡΑΤΟΠΕΔΑ
ΑΘΗΝΑΙ, 4.— Εἰς τὴν αἴθουσαν τοῦ ὑπουργείου ἐπραγματοποιήθη χθὲς σύσκεψις ὑπὸ τὴν προεδρίαν τοῦ ἁρμοδίου ὑφυπουργοῦ, κατὰ τὴν ὁποίαν ἐξητάσθησαν τὰ τρέχοντα ζητήματα καὶ ἐλήφθησαν σχετικαὶ ἀποφάσεις διὰ τὴν ταχυτέραν ἐκτέλεσιν τῶν ἔργων. Ὡς ἐτονίσθη, ἡ Κυβέρνησις θὰ συνεχίσῃ τὴν προσπάθειαν πρὸς ἐξυπηρέτησιν τῶν πολιτῶν καὶ τὴν ἀνάπτυξιν τῆς ἐπαρχίας, ἐνῷ ἐδόθησαν ὁδηγίαι εἰς τὰς ἁρμοδίας ὑπηρεσίας διὰ τὴν ἄμεσον ἐφαρμογὴν τῶν μέτρων. Ἐπίσης ἀνεκοινώθη ὅτι αἱ σχετικαὶ διατάξεις θὰ δημοσιευθοῦν προσεχῶς εἰς τὴν Ἐφημερίδα τῆς Κυβερνήσεως.
ΚΑΤΗΓΟΡΙΑ ΤΟΥΣ ΑΥΤΙΚΟΥΣ
ΑΘΗΝΑΙ, 4.— Εἰς τὴν αἴθουσαν τοῦ ὑπουργείου ἐπραγματοποιήθη χθὲς σύσκεψις ὑπὸ τὴν προεδρίαν τοῦ ἁρμοδίου ὑφυπουργοῦ, κατὰ τὴν ὁποίαν ἐξητάσθησαν τὰ τρέχοντα ζητήματα καὶ ἐλήφθησαν σχετικαὶ ἀποφάσεις διὰ τὴν ταχυτέραν ἐκτέλεσιν τῶν ἔργων. Ὡς ἐτονίσθη, ἡ Κυβέρνησις θὰ συνεχίσῃ τὴν προσπάθειαν πρὸς ἐξυπηρέτησιν τῶν πολιτῶν καὶ τὴν ἀνάπτυξιν τῆς ἐπαρχίας, ἐνῷ ἐδόθησαν ὁδηγίαι εἰς τὰς ἁρμοδίας ὑπηρεσίας διὰ τὴν ἄμεσον ἐφαρμογὴν τῶν μέτρων. Ἐπίσης ἀνεκοινώθη ὅτι αἱ σχετικαὶ διατάξεις θὰ δημοσιευθοῦν προσεχῶς εἰς τὴν Ἐφημερίδα τῆς Κυβερνήσεως.
ΚΑΤΕΠΕΣΕΝ ΕΚ ΔΕΝΔΡΟΥ ΚΑΙ ΕΦΟΝΕΥΘΗ
ΑΘΗΝΑΙ, 4.— Εἰς τὴν αἴθουσαν τοῦ ὑπουργείου ἐπραγματοποιήθη χθὲς σύσκεψις ὑπὸ τὴν προεδρίαν τοῦ ἁρμοδίου ὑφυπουργοῦ, κατὰ τὴν ὁποίαν ἐξητάσθησαν τὰ τρέχοντα ζητήματα καὶ ἐλήφθησαν σχετικαὶ ἀποφάσεις διὰ τὴν ταχυτέραν ἐκτέλεσιν τῶν ἔργων. Ὡς ἐτονίσθη, ἡ Κυβέρνησις θὰ συνεχίσῃ τὴν προσπάθειαν πρὸς ἐξυπηρέτησιν τῶν πολιτῶν καὶ τὴν ἀνάπτυξιν τῆς ἐπαρχίας, ἐνῷ ἐδόθησαν ὁδηγίαι εἰς τὰς ἁρμοδίας ὑπηρεσίας διὰ τὴν ἄμεσον ἐφαρμογὴν τῶν μέτρων. Ἐπίσης ἀνεκοινώθη ὅτι αἱ σχετικαὶ διατάξεις θὰ δημοσιευθοῦν προσεχῶς εἰς τὴν Ἐφημερίδα τῆς Κυβερνήσεως.
ΕΠΑΝΕΥΡΕ ΤΑ ΠΑΙΔΙΑ ΤΗΣ ΜΕΤΑ 46 ΕΤΗ
ΑΘΗΝΑΙ, 4.— Εἰς τὴν αἴθουσαν τοῦ ὑπουργείου ἐπραγματοποιήθη χθὲς σύσκεψις ὑπὸ τὴν προεδρίαν τοῦ ἁρμοδίου ὑφυπουργοῦ, κατὰ τὴν ὁποίαν ἐξητάσθησαν τὰ τρέχοντα ζητήματα καὶ ἐλήφθησαν σχετικαὶ ἀποφάσεις διὰ τὴν ταχυτέραν ἐκτέλεσιν τῶν ἔργων. Ὡς ἐτονίσθη, ἡ Κυβέρνησις θὰ συνεχίσῃ τὴν προσπάθειαν πρὸς ἐξυπηρέτησιν τῶν πολιτῶν καὶ τὴν ἀνάπτυξιν τῆς ἐπαρχίας, ἐνῷ ἐδόθησαν ὁδηγίαι εἰς τὰς ἁρμοδίας ὑπηρεσίας διὰ τὴν ἄμεσον ἐφαρμογὴν τῶν μέτρων. Ἐπίσης ἀνεκοινώθη ὅτι αἱ σχετικαὶ διατάξεις θὰ δημοσιευθοῦν προσεχῶς εἰς τὴν Ἐφημερίδα τῆς Κυβερνήσεως.
Η ΠΑΡΑΙΤΗΣΙΣ ΤΟΥ ΣΙΛΛΕΡ
ΣΥΝΕΧΕΙΑ ΕΚ ΤΗΣ 1ΗΣ ΣΕΛ. ΑΘΗΝΑΙ, 4.— Εἰς τὴν αἴθουσαν τοῦ ὑπουργείου ἐπραγματοποιήθη χθὲς σύσκεψις ὑπὸ τὴν προεδρίαν τοῦ ἁρμοδίου ὑφυπουργοῦ, κατὰ τὴν ὁποίαν ἐξητάσθησαν τὰ τρέχοντα ζητήματα καὶ ἐλήφθησαν σχετικαὶ ἀποφάσεις διὰ τὴν ταχυτέραν ἐκτέλεσιν τῶν ἔργων. Ὡς ἐτονίσθη, ἡ Κυβέρνησις θὰ συνεχίσῃ τὴν προσπάθειαν πρὸς ἐξυπηρέτησιν τῶν πολιτῶν καὶ τὴν ἀνάπτυξιν τῆς ἐπαρχίας, ἐνῷ ἐδόθησαν ὁδηγίαι εἰς τὰς ἁρμοδίας ὑπηρεσίας διὰ τὴν ἄμεσον ἐφαρμογὴν τῶν μέτρων. Ἐπίσης ἀνεκοινώθη ὅτι αἱ σχετικαὶ διατάξεις θὰ δημοσιευθοῦν προσεχῶς εἰς τὴν Ἐφημερίδα τῆς Κυβερνήσεως.
ΑΓΝΟΕΙ Η ΒΟΝΝΗ
ΑΘΗΝΑΙ, 4.— Εἰς τὴν αἴθουσαν τοῦ ὑπουργείου ἐπραγματοποιήθη χθὲς σύσκεψις ὑπὸ τὴν προεδρίαν τοῦ ἁρμοδίου ὑφυπουργοῦ, κατὰ τὴν ὁποίαν ἐξητάσθησαν τὰ τρέχοντα ζητήματα καὶ ἐλήφθησαν σχετικαὶ ἀποφάσεις διὰ τὴν ταχυτέραν ἐκτέλεσιν τῶν ἔργων. Ὡς ἐτονίσθη, ἡ Κυβέρνησις θὰ συνεχίσῃ τὴν προσπάθειαν πρὸς ἐξυπηρέτησιν τῶν πολιτῶν καὶ τὴν ἀνάπτυξιν τῆς ἐπαρχίας, ἐνῷ ἐδόθησαν ὁδηγίαι εἰς τὰς ἁρμοδίας ὑπηρεσίας διὰ τὴν ἄμεσον ἐφαρμογὴν τῶν μέτρων. Ἐπίσης ἀνεκοινώθη ὅτι αἱ σχετικαὶ διατάξεις θὰ δημοσιευθοῦν προσεχῶς εἰς τὴν Ἐφημερίδα τῆς Κυβερνήσεως.
ΑΘΗΝΑΙ, 4.— Εἰς τὴν αἴθουσαν τοῦ ὑπουργείου ἐπραγματοποιήθη χθὲς σύσκεψις ὑπὸ τὴν προεδρίαν τοῦ ἁρμοδίου ὑφυπουργοῦ, κατὰ τὴν ὁποίαν ἐξητάσθησαν τὰ τρέχοντα ζητήματα καὶ ἐλήφθησαν σχετικαὶ ἀποφάσεις διὰ τὴν ταχυτέραν ἐκτέλεσιν τῶν ἔργων. Ὡς ἐτονίσθη, ἡ Κυβέρνησις θὰ συνεχίσῃ τὴν προσπάθειαν πρὸς ἐξυπηρέτησιν τῶν πολιτῶν καὶ τὴν ἀνάπτυξιν τῆς ἐπαρχίας, ἐνῷ ἐδόθησαν ὁδηγίαι εἰς τὰς ἁρμοδίας ὑπηρεσίας διὰ τὴν ἄμεσον ἐφαρμογὴν τῶν μέτρων. Ἐπίσης ἀνεκοινώθη ὅτι αἱ σχετικαὶ διατάξεις θὰ δημοσιευθοῦν προσεχῶς εἰς τὴν Ἐφημερίδα τῆς Κυβερνήσεως.
Σελίς 9
ΜΗΝΥΜΑ ΑΠΟ ΡΑΔΙΟΦΩΝΟΥ ΤΟΥ ΠΡΟΕΔΡΟΥ ΝΙΞΟΝ ΠΡΟΣ ΤΟΝ ΑΜΕΡΙΚΑΝΙΚΟΝ ΛΑΟΝ ΕΠΙ ΤΗ ΕΠΕΤΕΙΩ ΤΗΣ ΗΜΕΡΑΣ ΤΗΣ ΑΝΕΞΑΡΤΗΣΙΑΣ
ΣΑΝ ΚΛΕΜΕΝΤΕ, Καλιφόρνια, 4.— ΑΘΗΝΑΙ, 4.— Εἰς τὴν αἴθουσαν τοῦ ὑπουργείου ἐπραγματοποιήθη χθὲς σύσκεψις ὑπὸ τὴν προεδρίαν τοῦ ἁρμοδίου ὑφυπουργοῦ, κατὰ τὴν ὁποίαν ἐξητάσθησαν τὰ τρέχοντα ζητήματα καὶ ἐλήφθησαν σχετικαὶ ἀποφάσεις διὰ τὴν ταχυτέραν ἐκτέλεσιν τῶν ἔργων. Ὡς ἐτονίσθη, ἡ Κυβέρνησις θὰ συνεχίσῃ τὴν προσπάθειαν πρὸς ἐξυπηρέτησιν τῶν πολιτῶν καὶ τὴν ἀνάπτυξιν τῆς ἐπαρχίας, ἐνῷ ἐδόθησαν ὁδηγίαι εἰς τὰς ἁρμοδίας ὑπηρεσίας διὰ τὴν ἄμεσον ἐφαρμογὴν τῶν μέτρων. Ἐπίσης ἀνεκοινώθη ὅτι αἱ σχετικαὶ διατάξεις θὰ δημοσιευθοῦν προσεχῶς εἰς τὴν Ἐφημερίδα τῆς Κυβερνήσεως.
ΑΘΗΝΑΙ, 4.— Εἰς τὴν αἴθουσαν τοῦ ὑπουργείου ἐπραγματοποιήθη χθὲς σύσκεψις ὑπὸ τὴν προεδρίαν τοῦ ἁρμοδίου ὑφυπουργοῦ, κατὰ τὴν ὁποίαν ἐξητάσθησαν τὰ τρέχοντα ζητήματα καὶ ἐλήφθησαν σχετικαὶ ἀποφάσεις διὰ τὴν ταχυτέραν ἐκτέλεσιν τῶν ἔργων. Ὡς ἐτονίσθη, ἡ Κυβέρνησις θὰ συνεχίσῃ τὴν προσπάθειαν πρὸς ἐξυπηρέτησιν τῶν πολιτῶν καὶ τὴν ἀνάπτυξιν τῆς ἐπαρχίας, ἐνῷ ἐδόθησαν ὁδηγίαι εἰς τὰς ἁρμοδίας ὑπηρεσίας διὰ τὴν ἄμεσον ἐφαρμογὴν τῶν μέτρων. Ἐπίσης ἀνεκοινώθη ὅτι αἱ σχετικαὶ διατάξεις θὰ δημοσιευθοῦν προσεχῶς εἰς τὴν Ἐφημερίδα τῆς Κυβερνήσεως.
ΑΘΗΝΑΙ, 4.— Εἰς τὴν αἴθουσαν τοῦ ὑπουργείου ἐπραγματοποιήθη χθὲς σύσκεψις ὑπὸ τὴν προεδρίαν τοῦ ἁρμοδίου ὑφυπουργοῦ, κατὰ τὴν ὁποίαν ἐξητάσθησαν τὰ τρέχοντα ζητήματα καὶ ἐλήφθησαν σχετικαὶ ἀποφάσεις διὰ τὴν ταχυτέραν ἐκτέλεσιν τῶν ἔργων. Ὡς ἐτονίσθη, ἡ Κυβέρνησις θὰ συνεχίσῃ τὴν προσπάθειαν πρὸς ἐξυπηρέτησιν τῶν πολιτῶν καὶ τὴν ἀνάπτυξιν τῆς ἐπαρχίας, ἐνῷ ἐδόθησαν ὁδηγίαι εἰς τὰς ἁρμοδίας ὑπηρεσίας διὰ τὴν ἄμεσον ἐφαρμογὴν τῶν μέτρων. Ἐπίσης ἀνεκοινώθη ὅτι αἱ σχετικαὶ διατάξεις θὰ δημοσιευθοῦν προσεχῶς εἰς τὴν Ἐφημερίδα τῆς Κυβερνήσεως.
ΑΘΗΝΑΙ, 4.— Εἰς τὴν αἴθουσαν τοῦ ὑπουργείου ἐπραγματοποιήθη χθὲς σύσκεψις ὑπὸ τὴν προεδρίαν τοῦ ἁρμοδίου ὑφυπουργοῦ, κατὰ τὴν ὁποίαν ἐξητάσθησαν τὰ τρέχοντα ζητήματα καὶ ἐλήφθησαν σχετικαὶ ἀποφάσεις διὰ τὴν ταχυτέραν ἐκτέλεσιν τῶν ἔργων. Ὡς ἐτονίσθη, ἡ Κυβέρνησις θὰ συνεχίσῃ τὴν προσπάθειαν πρὸς ἐξυπηρέτησιν τῶν πολιτῶν καὶ τὴν ἀνάπτυξιν τῆς ἐπαρχίας, ἐνῷ ἐδόθησαν ὁδηγίαι εἰς τὰς ἁρμοδίας ὑπηρεσίας διὰ τὴν ἄμεσον ἐφαρμογὴν τῶν μέτρων. Ἐπίσης ἀνεκοινώθη ὅτι αἱ σχετικαὶ διατάξεις θὰ δημοσιευθοῦν προσεχῶς εἰς τὴν Ἐφημερίδα τῆς Κυβερνήσεως.
ΡΩΣΣΟΙ ΕΙΣ ΔΕΞΙΩΣΙΝ
ΑΘΗΝΑΙ, 4.— Εἰς τὴν αἴθουσαν τοῦ ὑπουργείου ἐπραγματοποιήθη χθὲς σύσκεψις ὑπὸ τὴν προεδρίαν τοῦ ἁρμοδίου ὑφυπουργοῦ, κατὰ τὴν ὁποίαν ἐξητάσθησαν τὰ τρέχοντα ζητήματα καὶ ἐλήφθησαν σχετικαὶ ἀποφάσεις διὰ τὴν ταχυτέραν ἐκτέλεσιν τῶν ἔργων. Ὡς ἐτονίσθη, ἡ Κυβέρνησις θὰ συνεχίσῃ τὴν προσπάθειαν πρὸς ἐξυπηρέτησιν τῶν πολιτῶν καὶ τὴν ἀνάπτυξιν τῆς ἐπαρχίας, ἐνῷ ἐδόθησαν ὁδηγίαι εἰς τὰς ἁρμοδίας ὑπηρεσίας διὰ τὴν ἄμεσον ἐφαρμογὴν τῶν μέτρων. Ἐπίσης ἀνεκοινώθη ὅτι αἱ σχετικαὶ διατάξεις θὰ δημοσιευθοῦν προσεχῶς εἰς τὴν Ἐφημερίδα τῆς Κυβερνήσεως.
ΑΘΗΝΑΙ, 4.— Εἰς τὴν αἴθουσαν τοῦ ὑπουργείου ἐπραγματοποιήθη χθὲς σύσκεψις ὑπὸ τὴν προεδρίαν τοῦ ἁρμοδίου ὑφυπουργοῦ, κατὰ τὴν ὁποίαν ἐξητάσθησαν τὰ τρέχοντα ζητήματα καὶ ἐλήφθησαν σχετικαὶ ἀποφάσεις διὰ τὴν ταχυτέραν ἐκτέλεσιν τῶν ἔργων. Ὡς ἐτονίσθη, ἡ Κυβέρνησις θὰ συνεχίσῃ τὴν προσπάθειαν πρὸς ἐξυπηρέτησιν τῶν πολιτῶν καὶ τὴν ἀνάπτυξιν τῆς ἐπαρχίας, ἐνῷ ἐδόθησαν ὁδηγίαι εἰς τὰς ἁρμοδίας ὑπηρεσίας διὰ τὴν ἄμεσον ἐφαρμογὴν τῶν μέτρων. Ἐπίσης ἀνεκοινώθη ὅτι αἱ σχετικαὶ διατάξεις θὰ δημοσιευθοῦν προσεχῶς εἰς τὴν Ἐφημερίδα τῆς Κυβερνήσεως.
ΔΥΟ ΙΕΡΩΜΕΝΟΙ ΕΙΣ ΤΗΝ ΝΟΤΙΟΝ ΑΦΡΙΚΗΝ ΠΑΡΑ ΤΑΣ ΚΥΒΕΡΝΗΤΙΚΑΣ ΕΝΤΟΛΑΣ ΙΕΡΟΥΡΓΗΣΑΝ ΕΙΣ ΑΓΓΛΙΚΑΝΙΚΗΝ ΕΚΚΛΗΣΙΑΝ
ΚΑΙΗΠ ΤΑΟΥΝ, 4.— ΑΘΗΝΑΙ, 4.— Εἰς τὴν αἴθουσαν τοῦ ὑπουργείου ἐπραγματοποιήθη χθὲς σύσκεψις ὑπὸ τὴν προεδρίαν τοῦ ἁρμοδίου ὑφυπουργοῦ, κατὰ τὴν ὁποίαν ἐξητάσθησαν τὰ τρέχοντα ζητήματα καὶ ἐλήφθησαν σχετικαὶ ἀποφάσεις διὰ τὴν ταχυτέραν ἐκτέλεσιν τῶν ἔργων. Ὡς ἐτονίσθη, ἡ Κυβέρνησις θὰ συνεχίσῃ τὴν προσπάθειαν πρὸς ἐξυπηρέτησιν τῶν πολιτῶν καὶ τὴν ἀνάπτυξιν τῆς ἐπαρχίας, ἐνῷ ἐδόθησαν ὁδηγίαι εἰς τὰς ἁρμοδίας ὑπηρεσίας διὰ τὴν ἄμεσον ἐφαρμογὴν τῶν μέτρων. Ἐπίσης ἀνεκοινώθη ὅτι αἱ σχετικαὶ διατάξεις θὰ δημοσιευθοῦν προσεχῶς εἰς τὴν Ἐφημερίδα τῆς Κυβερνήσεως.
ΑΘΗΝΑΙ, 4.— Εἰς τὴν αἴθουσαν τοῦ ὑπουργείου ἐπραγματοποιήθη χθὲς σύσκεψις ὑπὸ τὴν προεδρίαν τοῦ ἁρμοδίου ὑφυπουργοῦ, κατὰ τὴν ὁποίαν ἐξητάσθησαν τὰ τρέχοντα ζητήματα καὶ ἐλήφθησαν σχετικαὶ ἀποφάσεις διὰ τὴν ταχυτέραν ἐκτέλεσιν τῶν ἔργων. Ὡς ἐτονίσθη, ἡ Κυβέρνησις θὰ συνεχίσῃ τὴν προσπάθειαν πρὸς ἐξυπηρέτησιν τῶν πολιτῶν καὶ τὴν ἀνάπτυξιν τῆς ἐπαρχίας, ἐνῷ ἐδόθησαν ὁδηγίαι εἰς τὰς ἁρμοδίας ὑπηρεσίας διὰ τὴν ἄμεσον ἐφαρμογὴν τῶν μέτρων. Ἐπίσης ἀνεκοινώθη ὅτι αἱ σχετικαὶ διατάξεις θὰ δημοσιευθοῦν προσεχῶς εἰς τὴν Ἐφημερίδα τῆς Κυβερνήσεως.
ΑΘΗΝΑΙ, 4.— Εἰς τὴν αἴθουσαν τοῦ ὑπουργείου ἐπραγματοποιήθη χθὲς σύσκεψις ὑπὸ τὴν προεδρίαν τοῦ ἁρμοδίου ὑφυπουργοῦ, κατὰ τὴν ὁποίαν ἐξητάσθησαν τὰ τρέχοντα ζητήματα καὶ ἐλήφθησαν σχετικαὶ ἀποφάσεις διὰ τὴν ταχυτέραν ἐκτέλεσιν τῶν ἔργων. Ὡς ἐτονίσθη, ἡ Κυβέρνησις θὰ συνεχίσῃ τὴν προσπάθειαν πρὸς ἐξυπηρέτησιν τῶν πολιτῶν καὶ τὴν ἀνάπτυξιν τῆς ἐπαρχίας, ἐνῷ ἐδόθησαν ὁδηγίαι εἰς τὰς ἁρμοδίας ὑπηρεσίας διὰ τὴν ἄμεσον ἐφαρμογὴν τῶν μέτρων. Ἐπίσης ἀνεκοινώθη ὅτι αἱ σχετικαὶ διατάξεις θὰ δημοσιευθοῦν προσεχῶς εἰς τὴν Ἐφημερίδα τῆς Κυβερνήσεως.
ΚΑΙ ΔΕΥΤΕΡΑΝ ΠΥΡΗΝΙΚΗΝ ΔΟΚΙΜΗΝ ΕΙΣ ΕΙΡΗΝΙΚΟΝ ΕΠΡΑΓΜΑΤΟΠΟΙΗΣΑΝ ΟΙ ΓΑΛΛΟΙ ΤΗΝ 30ΗΝ ΙΟΥΝΙΟΥ
ΤΙ ΓΡΑΦΕΙ Η «ΜΟΝ»
ΠΑΠΕΕΤΕ, Ταϊτή, 4.— ΑΘΗΝΑΙ, 4.— Εἰς τὴν αἴθουσαν τοῦ ὑπουργείου ἐπραγματοποιήθη χθὲς σύσκεψις ὑπὸ τὴν προεδρίαν τοῦ ἁρμοδίου ὑφυπουργοῦ, κατὰ τὴν ὁποίαν ἐξητάσθησαν τὰ τρέχοντα ζητήματα καὶ ἐλήφθησαν σχετικαὶ ἀποφάσεις διὰ τὴν ταχυτέραν ἐκτέλεσιν τῶν ἔργων. Ὡς ἐτονίσθη, ἡ Κυβέρνησις θὰ συνεχίσῃ τὴν προσπάθειαν πρὸς ἐξυπηρέτησιν τῶν πολιτῶν καὶ τὴν ἀνάπτυξιν τῆς ἐπαρχίας, ἐνῷ ἐδόθησαν ὁδηγίαι εἰς τὰς ἁρμοδίας ὑπηρεσίας διὰ τὴν ἄμεσον ἐφαρμογὴν τῶν μέτρων. Ἐπίσης ἀνεκοινώθη ὅτι αἱ σχετικαὶ διατάξεις θὰ δημοσιευθοῦν προσεχῶς εἰς τὴν Ἐφημερίδα τῆς Κυβερνήσεως.
ΑΘΗΝΑΙ, 4.— Εἰς τὴν αἴθουσαν τοῦ ὑπουργείου ἐπραγματοποιήθη χθὲς σύσκεψις ὑπὸ τὴν προεδρίαν τοῦ ἁρμοδίου ὑφυπουργοῦ, κατὰ τὴν ὁποίαν ἐξητάσθησαν τὰ τρέχοντα ζητήματα καὶ ἐλήφθησαν σχετικαὶ ἀποφάσεις διὰ τὴν ταχυτέραν ἐκτέλεσιν τῶν ἔργων. Ὡς ἐτονίσθη, ἡ Κυβέρνησις θὰ συνεχίσῃ τὴν προσπάθειαν πρὸς ἐξυπηρέτησιν τῶν πολιτῶν καὶ τὴν ἀνάπτυξιν τῆς ἐπαρχίας, ἐνῷ ἐδόθησαν ὁδηγίαι εἰς τὰς ἁρμοδίας ὑπηρεσίας διὰ τὴν ἄμεσον ἐφαρμογὴν τῶν μέτρων. Ἐπίσης ἀνεκοινώθη ὅτι αἱ σχετικαὶ διατάξεις θὰ δημοσιευθοῦν προσεχῶς εἰς τὴν Ἐφημερίδα τῆς Κυβερνήσεως.
Ο ΕΟΡΤΑΣΜΟΣ ΤΗΣ «ΝΑΥΤΙΚΗΣ ΕΒΔΟΜΑΔΟΣ» ΣΥΝΕΧΙΖΕΤΑΙ ΜΕ ΔΙΑΦΟΡΟΥΣ ΕΚΔΗΛΩΣΕΙΣ
ΑΘΗΝΑΙ, 4.— ΑΘΗΝΑΙ, 4.— Εἰς τὴν αἴθουσαν τοῦ ὑπουργείου ἐπραγματοποιήθη χθὲς σύσκεψις ὑπὸ τὴν προεδρίαν τοῦ ἁρμοδίου ὑφυπουργοῦ, κατὰ τὴν ὁποίαν ἐξητάσθησαν τὰ τρέχοντα ζητήματα καὶ ἐλήφθησαν σχετικαὶ ἀποφάσεις διὰ τὴν ταχυτέραν ἐκτέλεσιν τῶν ἔργων. Ὡς ἐτονίσθη, ἡ Κυβέρνησις θὰ συνεχίσῃ τὴν προσπάθειαν πρὸς ἐξυπηρέτησιν τῶν πολιτῶν καὶ τὴν ἀνάπτυξιν τῆς ἐπαρχίας, ἐνῷ ἐδόθησαν ὁδηγίαι εἰς τὰς ἁρμοδίας ὑπηρεσίας διὰ τὴν ἄμεσον ἐφαρμογὴν τῶν μέτρων. Ἐπίσης ἀνεκοινώθη ὅτι αἱ σχετικαὶ διατάξεις θὰ δημοσιευθοῦν προσεχῶς εἰς τὴν Ἐφημερίδα τῆς Κυβερνήσεως.
ΕΙΣ ΞΑΝΘΗΝ
ΑΘΗΝΑΙ, 4.— Εἰς τὴν αἴθουσαν τοῦ ὑπουργείου ἐπραγματοποιήθη χθὲς σύσκεψις ὑπὸ τὴν προεδρίαν τοῦ ἁρμοδίου ὑφυπουργοῦ, κατὰ τὴν ὁποίαν ἐξητάσθησαν τὰ τρέχοντα ζητήματα καὶ ἐλήφθησαν σχετικαὶ ἀποφάσεις διὰ τὴν ταχυτέραν ἐκτέλεσιν τῶν ἔργων. Ὡς ἐτονίσθη, ἡ Κυβέρνησις θὰ συνεχίσῃ τὴν προσπάθειαν πρὸς ἐξυπηρέτησιν τῶν πολιτῶν καὶ τὴν ἀνάπτυξιν τῆς ἐπαρχίας, ἐνῷ ἐδόθησαν ὁδηγίαι εἰς τὰς ἁρμοδίας ὑπηρεσίας διὰ τὴν ἄμεσον ἐφαρμογὴν τῶν μέτρων. Ἐπίσης ἀνεκοινώθη ὅτι αἱ σχετικαὶ διατάξεις θὰ δημοσιευθοῦν προσεχῶς εἰς τὴν Ἐφημερίδα τῆς Κυβερνήσεως.
ΤΑ ΔΕΛΤΙΑ ΤΙΜΩΝ ΤΗΣ ΤΡΑΠΕΖΗΣ ΕΛΛΑΔΟΣ ΔΙΑ ΣΥΝΑΛΛΑΓΜΑ ΚΑΙ ΤΡΑΠΕΖΟΓΡΑΜΜΑΤΙΑ
ΑΘΗΝΑΙ, 4.—
	Ἀγορά	Πώλησις
Δολλ. ΗΠΑ	29,50	30,10
Λίρα Ἀγγλίας	71,90	73,72
Λίρα Ἰρλανδ.	71,90	73,72
Φράγκ. Ἑλβ.	7,727	7,923
Μάρκα Γερμ.	9,318	9,553
Φράγκ. Γαλλ.	5,944	6,094
Φράγκ. Βελγ.	0,6706	0,6875
Κορώνα Σουηδ.	6,277	6,435
Δολλ. Καναδά	29,03	29,76
